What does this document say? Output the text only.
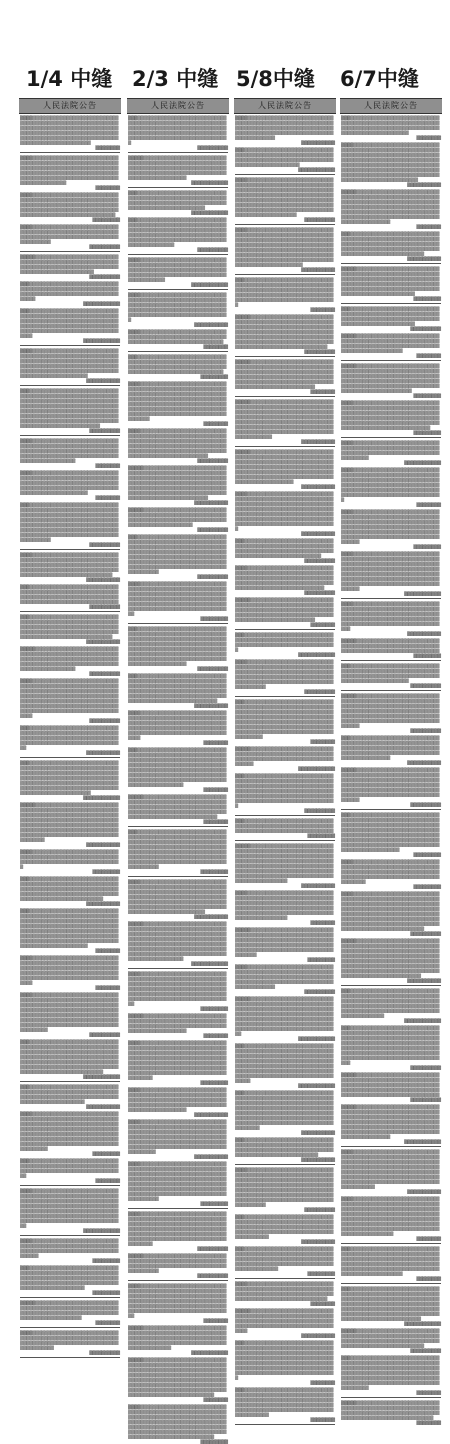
1/4 中缝 2/3 中缝 5/8中缝 6/7中缝
人民法院公告
▒▒▒▒▒▒▒▒▒▒▒▒▒▒▒▒▒▒▒▒▒▒▒▒▒▒▒▒▒▒▒▒▒▒▒▒▒▒▒▒▒▒▒▒▒▒▒▒▒▒▒▒▒▒▒▒▒▒▒▒▒▒▒▒▒▒▒▒▒▒▒▒▒▒▒▒▒▒▒▒▒▒▒▒▒▒▒▒▒▒▒▒▒▒▒▒▒▒▒▒▒▒▒▒▒▒▒▒▒▒▒▒▒▒▒▒▒▒▒▒▒▒▒▒▒▒▒▒▒▒▒▒▒▒▒▒▒▒▒▒▒▒▒▒▒▒▒▒▒▒▒▒▒▒▒▒▒▒▒▒▒▒▒▒▒▒▒▒▒▒▒▒▒▒▒▒▒▒▒▒▒▒▒
▒▒▒▒▒▒▒▒
▒▒▒▒▒▒▒▒▒▒▒▒▒▒▒▒▒▒▒▒▒▒▒▒▒▒▒▒▒▒▒▒▒▒▒▒▒▒▒▒▒▒▒▒▒▒▒▒▒▒▒▒▒▒▒▒▒▒▒▒▒▒▒▒▒▒▒▒▒▒▒▒▒▒▒▒▒▒▒▒▒▒▒▒▒▒▒▒▒▒▒▒▒▒▒▒▒▒▒▒▒▒▒▒▒▒▒▒▒▒▒▒▒▒▒▒▒▒▒▒▒▒▒▒▒▒▒▒▒▒▒▒▒▒▒▒▒▒▒▒▒▒▒▒▒▒▒▒▒▒▒▒▒▒▒▒▒▒▒▒▒▒▒▒▒▒▒▒▒▒▒▒▒▒▒
▒▒▒▒▒▒▒▒
▒▒▒▒▒▒▒▒▒▒▒▒▒▒▒▒▒▒▒▒▒▒▒▒▒▒▒▒▒▒▒▒▒▒▒▒▒▒▒▒▒▒▒▒▒▒▒▒▒▒▒▒▒▒▒▒▒▒▒▒▒▒▒▒▒▒▒▒▒▒▒▒▒▒▒▒▒▒▒▒▒▒▒▒▒▒▒▒▒▒▒▒▒▒▒▒▒▒▒▒▒▒▒▒▒▒▒▒▒▒▒▒▒▒▒▒▒▒▒▒▒▒▒▒▒▒▒▒▒▒▒▒▒▒▒▒▒▒▒▒▒▒▒▒▒▒▒▒▒▒▒▒▒▒▒▒▒▒▒
▒▒▒▒▒▒▒▒▒
▒▒▒▒▒▒▒▒▒▒▒▒▒▒▒▒▒▒▒▒▒▒▒▒▒▒▒▒▒▒▒▒▒▒▒▒▒▒▒▒▒▒▒▒▒▒▒▒▒▒▒▒▒▒▒▒▒▒▒▒▒▒▒▒▒▒▒▒▒▒▒▒▒▒▒▒▒▒▒▒▒▒▒▒▒▒▒▒▒▒▒▒▒▒▒▒▒▒▒▒▒▒▒▒▒▒
▒▒▒▒▒▒▒▒▒▒
▒▒▒▒▒▒▒▒▒▒▒▒▒▒▒▒▒▒▒▒▒▒▒▒▒▒▒▒▒▒▒▒▒▒▒▒▒▒▒▒▒▒▒▒▒▒▒▒▒▒▒▒▒▒▒▒▒▒▒▒▒▒▒▒▒▒▒▒▒▒▒▒▒▒▒▒▒▒▒▒▒▒▒▒▒▒▒▒▒▒▒▒▒▒▒▒▒▒▒▒▒▒▒▒▒▒▒▒▒▒▒▒▒▒▒▒▒▒▒▒
▒▒▒▒▒▒▒▒▒▒
▒▒▒▒▒▒▒▒▒▒▒▒▒▒▒▒▒▒▒▒▒▒▒▒▒▒▒▒▒▒▒▒▒▒▒▒▒▒▒▒▒▒▒▒▒▒▒▒▒▒▒▒▒▒▒▒▒▒▒▒▒▒▒▒▒▒▒▒▒▒▒▒▒▒▒▒▒▒▒▒▒▒▒▒▒▒▒▒▒▒▒▒▒▒▒▒▒▒▒▒▒
▒▒▒▒▒▒▒▒▒▒▒▒
▒▒▒▒▒▒▒▒▒▒▒▒▒▒▒▒▒▒▒▒▒▒▒▒▒▒▒▒▒▒▒▒▒▒▒▒▒▒▒▒▒▒▒▒▒▒▒▒▒▒▒▒▒▒▒▒▒▒▒▒▒▒▒▒▒▒▒▒▒▒▒▒▒▒▒▒▒▒▒▒▒▒▒▒▒▒▒▒▒▒▒▒▒▒▒▒▒▒▒▒▒▒▒▒▒▒▒▒▒▒▒▒▒▒▒▒▒▒▒▒▒▒▒▒▒▒▒▒▒▒▒▒▒▒▒▒▒▒▒▒▒▒▒▒▒▒▒▒▒▒▒▒▒▒▒▒▒▒▒▒▒▒▒▒
▒▒▒▒▒▒▒▒▒▒▒▒
▒▒▒▒▒▒▒▒▒▒▒▒▒▒▒▒▒▒▒▒▒▒▒▒▒▒▒▒▒▒▒▒▒▒▒▒▒▒▒▒▒▒▒▒▒▒▒▒▒▒▒▒▒▒▒▒▒▒▒▒▒▒▒▒▒▒▒▒▒▒▒▒▒▒▒▒▒▒▒▒▒▒▒▒▒▒▒▒▒▒▒▒▒▒▒▒▒▒▒▒▒▒▒▒▒▒▒▒▒▒▒▒▒▒▒▒▒▒▒▒▒▒▒▒▒▒▒▒▒▒▒▒▒▒▒▒▒▒▒▒▒▒▒▒▒▒▒▒▒▒▒▒▒▒▒▒▒▒▒▒▒▒▒▒▒▒▒▒▒▒▒▒▒▒▒▒▒▒▒▒▒▒
▒▒▒▒▒▒▒▒▒▒▒
▒▒▒▒▒▒▒▒▒▒▒▒▒▒▒▒▒▒▒▒▒▒▒▒▒▒▒▒▒▒▒▒▒▒▒▒▒▒▒▒▒▒▒▒▒▒▒▒▒▒▒▒▒▒▒▒▒▒▒▒▒▒▒▒▒▒▒▒▒▒▒▒▒▒▒▒▒▒▒▒▒▒▒▒▒▒▒▒▒▒▒▒▒▒▒▒▒▒▒▒▒▒▒▒▒▒▒▒▒▒▒▒▒▒▒▒▒▒▒▒▒▒▒▒▒▒▒▒▒▒▒▒▒▒▒▒▒▒▒▒▒▒▒▒▒▒▒▒▒▒▒▒▒▒▒▒▒▒▒▒▒▒▒▒▒▒▒▒▒▒▒▒▒▒▒▒▒▒▒▒▒▒▒▒▒▒▒▒▒▒▒▒▒▒▒▒▒▒▒▒▒▒▒▒▒▒▒▒▒▒▒▒▒▒▒▒▒▒▒▒▒▒▒▒▒▒▒▒▒▒▒▒▒▒▒▒▒▒▒▒▒▒▒▒▒▒▒▒▒▒
▒▒▒▒▒▒▒▒▒▒
▒▒▒▒▒▒▒▒▒▒▒▒▒▒▒▒▒▒▒▒▒▒▒▒▒▒▒▒▒▒▒▒▒▒▒▒▒▒▒▒▒▒▒▒▒▒▒▒▒▒▒▒▒▒▒▒▒▒▒▒▒▒▒▒▒▒▒▒▒▒▒▒▒▒▒▒▒▒▒▒▒▒▒▒▒▒▒▒▒▒▒▒▒▒▒▒▒▒▒▒▒▒▒▒▒▒▒▒▒▒▒▒▒▒▒▒▒▒▒▒▒▒▒▒▒▒▒▒▒▒▒▒▒▒▒▒▒▒▒▒▒▒▒▒▒▒
▒▒▒▒▒▒▒▒
▒▒▒▒▒▒▒▒▒▒▒▒▒▒▒▒▒▒▒▒▒▒▒▒▒▒▒▒▒▒▒▒▒▒▒▒▒▒▒▒▒▒▒▒▒▒▒▒▒▒▒▒▒▒▒▒▒▒▒▒▒▒▒▒▒▒▒▒▒▒▒▒▒▒▒▒▒▒▒▒▒▒▒▒▒▒▒▒▒▒▒▒▒▒▒▒▒▒▒▒▒▒▒▒▒▒▒▒▒▒▒▒▒▒▒▒▒▒▒▒▒▒▒▒▒▒▒▒▒▒▒▒▒▒▒▒▒▒▒▒▒▒▒▒▒▒▒▒▒▒
▒▒▒▒▒▒▒▒
▒▒▒▒▒▒▒▒▒▒▒▒▒▒▒▒▒▒▒▒▒▒▒▒▒▒▒▒▒▒▒▒▒▒▒▒▒▒▒▒▒▒▒▒▒▒▒▒▒▒▒▒▒▒▒▒▒▒▒▒▒▒▒▒▒▒▒▒▒▒▒▒▒▒▒▒▒▒▒▒▒▒▒▒▒▒▒▒▒▒▒▒▒▒▒▒▒▒▒▒▒▒▒▒▒▒▒▒▒▒▒▒▒▒▒▒▒▒▒▒▒▒▒▒▒▒▒▒▒▒▒▒▒▒▒▒▒▒▒▒▒▒▒▒▒▒▒▒▒▒▒▒▒▒▒▒▒▒▒▒▒▒▒▒▒▒▒▒▒▒▒▒▒▒▒▒▒▒▒▒▒▒▒▒▒▒▒▒▒▒▒▒▒▒▒▒▒▒▒▒▒▒▒▒▒▒▒▒▒▒▒▒▒▒▒▒▒▒▒▒▒▒▒▒▒▒▒▒▒▒▒▒▒▒
▒▒▒▒▒▒▒▒▒▒
▒▒▒▒▒▒▒▒▒▒▒▒▒▒▒▒▒▒▒▒▒▒▒▒▒▒▒▒▒▒▒▒▒▒▒▒▒▒▒▒▒▒▒▒▒▒▒▒▒▒▒▒▒▒▒▒▒▒▒▒▒▒▒▒▒▒▒▒▒▒▒▒▒▒▒▒▒▒▒▒▒▒▒▒▒▒▒▒▒▒▒▒▒▒▒▒▒▒▒▒▒▒▒▒▒▒▒▒▒▒▒▒▒▒▒▒▒▒▒▒▒▒▒▒▒▒▒▒▒▒▒▒▒▒▒▒▒▒▒▒▒▒▒▒▒▒▒▒▒▒▒▒▒▒▒▒▒▒
▒▒▒▒▒▒▒▒▒▒▒
▒▒▒▒▒▒▒▒▒▒▒▒▒▒▒▒▒▒▒▒▒▒▒▒▒▒▒▒▒▒▒▒▒▒▒▒▒▒▒▒▒▒▒▒▒▒▒▒▒▒▒▒▒▒▒▒▒▒▒▒▒▒▒▒▒▒▒▒▒▒▒▒▒▒▒▒▒▒▒▒▒▒▒▒▒▒▒▒▒▒▒▒▒▒▒▒▒▒▒▒▒▒▒▒▒▒▒▒▒▒▒▒▒▒▒▒▒▒▒▒▒▒▒▒▒▒▒▒
▒▒▒▒▒▒▒▒▒▒
▒▒▒▒▒▒▒▒▒▒▒▒▒▒▒▒▒▒▒▒▒▒▒▒▒▒▒▒▒▒▒▒▒▒▒▒▒▒▒▒▒▒▒▒▒▒▒▒▒▒▒▒▒▒▒▒▒▒▒▒▒▒▒▒▒▒▒▒▒▒▒▒▒▒▒▒▒▒▒▒▒▒▒▒▒▒▒▒▒▒▒▒▒▒▒▒▒▒▒▒▒▒▒▒▒▒▒▒▒▒▒▒▒▒▒▒▒▒▒▒▒▒▒▒▒▒▒▒▒▒▒▒▒▒▒▒▒▒▒▒▒▒▒▒▒▒▒▒▒▒▒▒▒▒▒▒▒▒
▒▒▒▒▒▒▒▒▒▒▒
▒▒▒▒▒▒▒▒▒▒▒▒▒▒▒▒▒▒▒▒▒▒▒▒▒▒▒▒▒▒▒▒▒▒▒▒▒▒▒▒▒▒▒▒▒▒▒▒▒▒▒▒▒▒▒▒▒▒▒▒▒▒▒▒▒▒▒▒▒▒▒▒▒▒▒▒▒▒▒▒▒▒▒▒▒▒▒▒▒▒▒▒▒▒▒▒▒▒▒▒▒▒▒▒▒▒▒▒▒▒▒▒▒▒▒▒▒▒▒▒▒▒▒▒▒▒▒▒▒▒▒▒▒▒▒▒▒▒▒▒▒▒▒▒▒▒
▒▒▒▒▒▒▒▒▒▒
▒▒▒▒▒▒▒▒▒▒▒▒▒▒▒▒▒▒▒▒▒▒▒▒▒▒▒▒▒▒▒▒▒▒▒▒▒▒▒▒▒▒▒▒▒▒▒▒▒▒▒▒▒▒▒▒▒▒▒▒▒▒▒▒▒▒▒▒▒▒▒▒▒▒▒▒▒▒▒▒▒▒▒▒▒▒▒▒▒▒▒▒▒▒▒▒▒▒▒▒▒▒▒▒▒▒▒▒▒▒▒▒▒▒▒▒▒▒▒▒▒▒▒▒▒▒▒▒▒▒▒▒▒▒▒▒▒▒▒▒▒▒▒▒▒▒▒▒▒▒▒▒▒▒▒▒▒▒▒▒▒▒▒▒▒▒▒▒▒▒▒▒▒▒▒▒▒▒▒▒▒▒▒▒▒▒▒▒▒▒▒▒▒▒▒▒▒▒▒▒▒▒▒▒▒▒▒▒▒▒▒▒▒▒▒▒▒▒▒▒▒▒▒▒▒▒▒▒
▒▒▒▒▒▒▒▒▒▒
▒▒▒▒▒▒▒▒▒▒▒▒▒▒▒▒▒▒▒▒▒▒▒▒▒▒▒▒▒▒▒▒▒▒▒▒▒▒▒▒▒▒▒▒▒▒▒▒▒▒▒▒▒▒▒▒▒▒▒▒▒▒▒▒▒▒▒▒▒▒▒▒▒▒▒▒▒▒▒▒▒▒▒▒▒▒▒▒▒▒▒▒▒▒▒▒▒▒▒▒▒▒▒▒▒▒▒▒▒▒▒▒▒▒▒▒▒▒▒▒▒▒▒▒▒▒▒▒▒▒
▒▒▒▒▒▒▒▒▒▒▒
▒▒▒▒▒▒▒▒▒▒▒▒▒▒▒▒▒▒▒▒▒▒▒▒▒▒▒▒▒▒▒▒▒▒▒▒▒▒▒▒▒▒▒▒▒▒▒▒▒▒▒▒▒▒▒▒▒▒▒▒▒▒▒▒▒▒▒▒▒▒▒▒▒▒▒▒▒▒▒▒▒▒▒▒▒▒▒▒▒▒▒▒▒▒▒▒▒▒▒▒▒▒▒▒▒▒▒▒▒▒▒▒▒▒▒▒▒▒▒▒▒▒▒▒▒▒▒▒▒▒▒▒▒▒▒▒▒▒▒▒▒▒▒▒▒▒▒▒▒▒▒▒▒▒▒▒▒▒▒▒▒▒▒▒▒▒▒▒▒▒▒▒▒▒▒▒▒▒▒▒▒▒▒▒▒▒▒▒▒▒▒▒▒▒▒▒▒▒▒▒▒▒▒▒▒▒▒▒▒▒▒▒▒▒▒
▒▒▒▒▒▒▒▒▒▒▒▒
▒▒▒▒▒▒▒▒▒▒▒▒▒▒▒▒▒▒▒▒▒▒▒▒▒▒▒▒▒▒▒▒▒▒▒▒▒▒▒▒▒▒▒▒▒▒▒▒▒▒▒▒▒▒▒▒▒▒▒▒▒▒▒▒▒▒▒▒▒▒▒▒▒▒▒▒▒▒▒▒▒▒▒▒▒▒▒▒▒▒▒▒▒▒▒▒▒▒▒▒▒▒▒▒▒▒▒▒▒▒▒▒▒▒▒▒▒▒▒▒▒▒▒▒▒▒▒▒▒▒▒▒▒▒▒▒▒▒▒▒▒▒▒▒▒▒▒▒▒▒▒▒▒▒▒▒▒▒▒▒▒▒▒▒▒▒▒▒▒▒▒▒▒▒▒▒▒▒▒▒▒▒▒▒▒▒▒▒▒▒▒▒▒▒▒▒▒▒▒▒▒▒▒▒▒▒▒▒▒▒▒▒▒▒▒▒▒▒▒▒▒▒▒▒▒▒▒▒▒▒▒▒
▒▒▒▒▒▒▒▒▒▒▒
▒▒▒▒▒▒▒▒▒▒▒▒▒▒▒▒▒▒▒▒▒▒▒▒▒▒▒▒▒▒▒▒▒▒▒▒▒▒▒▒▒▒▒▒▒▒▒▒▒▒▒▒▒▒▒▒▒▒▒▒▒▒▒▒▒▒▒▒▒▒▒▒▒▒▒▒▒▒▒▒▒▒▒▒▒▒▒▒▒▒▒▒▒▒▒▒▒
▒▒▒▒▒▒▒▒▒
▒▒▒▒▒▒▒▒▒▒▒▒▒▒▒▒▒▒▒▒▒▒▒▒▒▒▒▒▒▒▒▒▒▒▒▒▒▒▒▒▒▒▒▒▒▒▒▒▒▒▒▒▒▒▒▒▒▒▒▒▒▒▒▒▒▒▒▒▒▒▒▒▒▒▒▒▒▒▒▒▒▒▒▒▒▒▒▒▒▒▒▒▒▒▒▒▒▒▒▒▒▒▒▒▒▒▒▒▒▒▒▒▒▒▒▒▒▒▒▒▒▒▒▒▒▒▒▒▒▒▒▒▒▒▒▒▒▒▒▒▒▒▒▒▒▒▒▒▒▒▒▒▒▒▒
▒▒▒▒▒▒▒▒▒▒▒
▒▒▒▒▒▒▒▒▒▒▒▒▒▒▒▒▒▒▒▒▒▒▒▒▒▒▒▒▒▒▒▒▒▒▒▒▒▒▒▒▒▒▒▒▒▒▒▒▒▒▒▒▒▒▒▒▒▒▒▒▒▒▒▒▒▒▒▒▒▒▒▒▒▒▒▒▒▒▒▒▒▒▒▒▒▒▒▒▒▒▒▒▒▒▒▒▒▒▒▒▒▒▒▒▒▒▒▒▒▒▒▒▒▒▒▒▒▒▒▒▒▒▒▒▒▒▒▒▒▒▒▒▒▒▒▒▒▒▒▒▒▒▒▒▒▒▒▒▒▒▒▒▒▒▒▒▒▒▒▒▒▒▒▒▒▒▒▒▒▒▒▒▒▒▒▒▒▒▒▒▒▒▒▒▒▒▒▒▒▒▒▒▒▒▒▒▒▒▒▒▒▒▒▒▒▒▒▒▒▒▒▒▒▒▒▒▒▒▒▒▒▒▒▒▒▒▒▒▒▒▒▒▒▒▒▒▒▒▒▒▒▒▒▒▒▒
▒▒▒▒▒▒▒▒
▒▒▒▒▒▒▒▒▒▒▒▒▒▒▒▒▒▒▒▒▒▒▒▒▒▒▒▒▒▒▒▒▒▒▒▒▒▒▒▒▒▒▒▒▒▒▒▒▒▒▒▒▒▒▒▒▒▒▒▒▒▒▒▒▒▒▒▒▒▒▒▒▒▒▒▒▒▒▒▒▒▒▒▒▒▒▒▒▒▒▒▒▒▒▒▒▒▒▒▒▒▒▒▒▒▒▒▒▒▒▒▒▒▒▒▒▒▒▒▒▒▒▒▒▒▒▒▒▒▒▒▒▒▒▒▒▒▒▒▒▒▒▒▒▒▒▒▒▒▒▒▒▒▒▒▒▒▒▒▒▒▒▒▒
▒▒▒▒▒▒▒▒
▒▒▒▒▒▒▒▒▒▒▒▒▒▒▒▒▒▒▒▒▒▒▒▒▒▒▒▒▒▒▒▒▒▒▒▒▒▒▒▒▒▒▒▒▒▒▒▒▒▒▒▒▒▒▒▒▒▒▒▒▒▒▒▒▒▒▒▒▒▒▒▒▒▒▒▒▒▒▒▒▒▒▒▒▒▒▒▒▒▒▒▒▒▒▒▒▒▒▒▒▒▒▒▒▒▒▒▒▒▒▒▒▒▒▒▒▒▒▒▒▒▒▒▒▒▒▒▒▒▒▒▒▒▒▒▒▒▒▒▒▒▒▒▒▒▒▒▒▒▒▒▒▒▒▒▒▒▒▒▒▒▒▒▒▒▒▒▒▒▒▒▒▒▒▒▒▒▒▒▒▒▒▒▒▒▒▒▒▒▒▒▒▒▒▒▒▒▒▒▒▒▒▒▒▒▒▒▒▒▒▒▒▒▒▒▒▒▒▒▒▒▒▒▒▒▒▒▒▒▒▒▒▒
▒▒▒▒▒▒▒▒▒▒
▒▒▒▒▒▒▒▒▒▒▒▒▒▒▒▒▒▒▒▒▒▒▒▒▒▒▒▒▒▒▒▒▒▒▒▒▒▒▒▒▒▒▒▒▒▒▒▒▒▒▒▒▒▒▒▒▒▒▒▒▒▒▒▒▒▒▒▒▒▒▒▒▒▒▒▒▒▒▒▒▒▒▒▒▒▒▒▒▒▒▒▒▒▒▒▒▒▒▒▒▒▒▒▒▒▒▒▒▒▒▒▒▒▒▒▒▒▒▒▒▒▒▒▒▒▒▒▒▒▒▒▒▒▒▒▒▒▒▒▒▒▒▒▒▒▒▒▒▒▒▒▒▒▒▒▒▒▒▒▒▒▒▒▒▒▒▒▒▒▒▒▒▒▒▒▒▒▒▒▒▒▒▒▒▒▒▒▒▒▒▒▒▒▒▒▒▒▒▒▒▒▒▒▒▒▒▒▒▒▒▒▒▒▒▒▒▒▒▒
▒▒▒▒▒▒▒▒▒▒▒▒
▒▒▒▒▒▒▒▒▒▒▒▒▒▒▒▒▒▒▒▒▒▒▒▒▒▒▒▒▒▒▒▒▒▒▒▒▒▒▒▒▒▒▒▒▒▒▒▒▒▒▒▒▒▒▒▒▒▒▒▒▒▒▒▒▒▒▒▒▒▒▒▒▒▒▒▒▒▒▒▒▒▒▒▒▒▒▒▒▒▒▒▒▒▒▒▒▒▒▒▒▒▒▒▒▒▒▒▒▒▒▒▒▒▒▒▒▒
▒▒▒▒▒▒▒▒▒▒▒
▒▒▒▒▒▒▒▒▒▒▒▒▒▒▒▒▒▒▒▒▒▒▒▒▒▒▒▒▒▒▒▒▒▒▒▒▒▒▒▒▒▒▒▒▒▒▒▒▒▒▒▒▒▒▒▒▒▒▒▒▒▒▒▒▒▒▒▒▒▒▒▒▒▒▒▒▒▒▒▒▒▒▒▒▒▒▒▒▒▒▒▒▒▒▒▒▒▒▒▒▒▒▒▒▒▒▒▒▒▒▒▒▒▒▒▒▒▒▒▒▒▒▒▒▒▒▒▒▒▒▒▒▒▒▒▒▒▒▒▒▒▒▒▒▒▒▒▒▒▒▒▒▒▒▒▒▒▒▒▒▒▒▒▒▒▒▒▒▒▒▒▒▒▒▒▒▒▒▒▒▒▒▒▒▒▒▒▒▒▒▒▒▒▒▒▒▒▒▒▒▒▒▒▒▒▒▒▒▒▒▒▒▒▒▒▒▒▒▒▒▒▒▒▒▒▒▒▒▒▒▒▒▒
▒▒▒▒▒▒▒▒▒
▒▒▒▒▒▒▒▒▒▒▒▒▒▒▒▒▒▒▒▒▒▒▒▒▒▒▒▒▒▒▒▒▒▒▒▒▒▒▒▒▒▒▒▒▒▒▒▒▒▒▒▒▒▒▒▒▒▒▒▒▒▒▒▒▒▒▒▒▒▒▒▒▒▒▒▒▒▒▒▒▒▒▒▒▒▒▒▒▒▒▒▒▒▒▒▒▒▒
▒▒▒▒▒▒▒▒
▒▒▒▒▒▒▒▒▒▒▒▒▒▒▒▒▒▒▒▒▒▒▒▒▒▒▒▒▒▒▒▒▒▒▒▒▒▒▒▒▒▒▒▒▒▒▒▒▒▒▒▒▒▒▒▒▒▒▒▒▒▒▒▒▒▒▒▒▒▒▒▒▒▒▒▒▒▒▒▒▒▒▒▒▒▒▒▒▒▒▒▒▒▒▒▒▒▒▒▒▒▒▒▒▒▒▒▒▒▒▒▒▒▒▒▒▒▒▒▒▒▒▒▒▒▒▒▒▒▒▒▒▒▒▒▒▒▒▒▒▒▒▒▒▒▒▒▒▒▒▒▒▒▒▒▒▒▒▒▒▒▒▒▒▒▒▒▒▒▒▒▒▒▒▒▒▒▒▒▒▒▒▒▒▒▒▒▒▒▒▒▒▒▒▒▒▒▒▒▒▒▒▒▒▒▒▒▒▒▒▒▒▒▒▒▒▒▒▒▒▒▒▒▒▒▒
▒▒▒▒▒▒▒▒▒▒▒▒
▒▒▒▒▒▒▒▒▒▒▒▒▒▒▒▒▒▒▒▒▒▒▒▒▒▒▒▒▒▒▒▒▒▒▒▒▒▒▒▒▒▒▒▒▒▒▒▒▒▒▒▒▒▒▒▒▒▒▒▒▒▒▒▒▒▒▒▒▒▒▒▒▒▒▒▒▒▒▒▒▒▒▒▒▒▒▒▒▒▒▒▒▒▒▒▒▒▒▒▒▒▒
▒▒▒▒▒▒▒▒▒
▒▒▒▒▒▒▒▒▒▒▒▒▒▒▒▒▒▒▒▒▒▒▒▒▒▒▒▒▒▒▒▒▒▒▒▒▒▒▒▒▒▒▒▒▒▒▒▒▒▒▒▒▒▒▒▒▒▒▒▒▒▒▒▒▒▒▒▒▒▒▒▒▒▒▒▒▒▒▒▒▒▒▒▒▒▒▒▒▒▒▒▒▒▒▒▒▒▒▒▒▒▒▒▒▒▒▒▒▒▒▒▒▒▒▒▒▒▒▒▒▒▒▒▒▒▒▒▒▒▒▒▒▒▒▒▒▒▒▒▒▒▒▒▒▒▒▒▒▒
▒▒▒▒▒▒▒▒▒
▒▒▒▒▒▒▒▒▒▒▒▒▒▒▒▒▒▒▒▒▒▒▒▒▒▒▒▒▒▒▒▒▒▒▒▒▒▒▒▒▒▒▒▒▒▒▒▒▒▒▒▒▒▒▒▒▒▒▒▒▒▒▒▒▒▒▒▒▒▒▒▒▒▒▒▒▒▒▒▒▒▒▒▒▒▒▒▒▒▒▒▒▒▒▒▒▒▒▒▒▒▒▒▒▒▒▒▒▒▒▒▒▒▒▒▒
▒▒▒▒▒▒▒▒
▒▒▒▒▒▒▒▒▒▒▒▒▒▒▒▒▒▒▒▒▒▒▒▒▒▒▒▒▒▒▒▒▒▒▒▒▒▒▒▒▒▒▒▒▒▒▒▒▒▒▒▒▒▒▒▒▒▒▒▒▒▒▒▒▒▒▒▒▒▒▒▒▒▒▒▒▒▒▒▒▒▒▒▒▒▒▒▒▒▒▒▒▒▒▒▒▒▒▒▒▒▒▒▒▒▒▒
▒▒▒▒▒▒▒▒▒▒
人民法院公告
▒▒▒▒▒▒▒▒▒▒▒▒▒▒▒▒▒▒▒▒▒▒▒▒▒▒▒▒▒▒▒▒▒▒▒▒▒▒▒▒▒▒▒▒▒▒▒▒▒▒▒▒▒▒▒▒▒▒▒▒▒▒▒▒▒▒▒▒▒▒▒▒▒▒▒▒▒▒▒▒▒▒▒▒▒▒▒▒▒▒▒▒▒▒▒▒▒▒▒▒▒▒▒▒▒▒▒▒▒▒▒▒▒▒▒▒▒▒▒▒▒▒▒▒▒▒▒▒▒▒▒▒▒▒▒▒▒▒▒▒▒▒▒▒▒▒▒▒▒▒▒▒▒▒▒▒▒▒▒▒▒
▒▒▒▒▒▒▒▒▒▒
▒▒▒▒▒▒▒▒▒▒▒▒▒▒▒▒▒▒▒▒▒▒▒▒▒▒▒▒▒▒▒▒▒▒▒▒▒▒▒▒▒▒▒▒▒▒▒▒▒▒▒▒▒▒▒▒▒▒▒▒▒▒▒▒▒▒▒▒▒▒▒▒▒▒▒▒▒▒▒▒▒▒▒▒▒▒▒▒▒▒▒▒▒▒▒▒▒▒▒▒▒▒▒▒▒▒▒▒▒▒▒▒▒▒▒▒▒▒▒▒▒▒▒▒▒▒▒▒▒▒▒▒▒▒▒▒▒▒▒▒▒▒▒▒▒▒▒
▒▒▒▒▒▒▒▒▒▒▒▒
▒▒▒▒▒▒▒▒▒▒▒▒▒▒▒▒▒▒▒▒▒▒▒▒▒▒▒▒▒▒▒▒▒▒▒▒▒▒▒▒▒▒▒▒▒▒▒▒▒▒▒▒▒▒▒▒▒▒▒▒▒▒▒▒▒▒▒▒▒▒▒▒▒▒▒▒▒▒▒▒▒▒▒▒▒▒▒▒▒▒▒▒▒▒▒▒▒▒▒▒▒▒▒▒▒▒▒▒▒▒▒▒▒▒▒▒▒▒▒▒▒
▒▒▒▒▒▒▒▒▒▒▒▒
▒▒▒▒▒▒▒▒▒▒▒▒▒▒▒▒▒▒▒▒▒▒▒▒▒▒▒▒▒▒▒▒▒▒▒▒▒▒▒▒▒▒▒▒▒▒▒▒▒▒▒▒▒▒▒▒▒▒▒▒▒▒▒▒▒▒▒▒▒▒▒▒▒▒▒▒▒▒▒▒▒▒▒▒▒▒▒▒▒▒▒▒▒▒▒▒▒▒▒▒▒▒▒▒▒▒▒▒▒▒▒▒▒▒▒▒▒▒▒▒▒▒▒▒▒▒▒▒▒▒▒▒▒▒▒▒▒▒▒▒▒▒▒▒▒▒▒▒▒▒▒▒▒▒▒▒▒▒▒▒▒▒▒▒▒▒▒▒▒▒▒▒▒▒▒
▒▒▒▒▒▒▒▒▒▒
▒▒▒▒▒▒▒▒▒▒▒▒▒▒▒▒▒▒▒▒▒▒▒▒▒▒▒▒▒▒▒▒▒▒▒▒▒▒▒▒▒▒▒▒▒▒▒▒▒▒▒▒▒▒▒▒▒▒▒▒▒▒▒▒▒▒▒▒▒▒▒▒▒▒▒▒▒▒▒▒▒▒▒▒▒▒▒▒▒▒▒▒▒▒▒▒▒▒▒▒▒▒▒▒▒▒▒▒▒▒▒▒▒▒▒▒▒▒▒▒▒▒▒▒▒▒▒▒▒▒▒▒▒▒▒▒▒▒▒▒
▒▒▒▒▒▒▒▒▒▒▒▒
▒▒▒▒▒▒▒▒▒▒▒▒▒▒▒▒▒▒▒▒▒▒▒▒▒▒▒▒▒▒▒▒▒▒▒▒▒▒▒▒▒▒▒▒▒▒▒▒▒▒▒▒▒▒▒▒▒▒▒▒▒▒▒▒▒▒▒▒▒▒▒▒▒▒▒▒▒▒▒▒▒▒▒▒▒▒▒▒▒▒▒▒▒▒▒▒▒▒▒▒▒▒▒▒▒▒▒▒▒▒▒▒▒▒▒▒▒▒▒▒▒▒▒▒▒▒▒▒▒▒▒▒▒▒▒▒▒▒▒▒▒▒▒▒▒▒▒▒▒▒▒▒▒▒▒▒▒▒▒▒▒
▒▒▒▒▒▒▒▒▒▒▒
▒▒▒▒▒▒▒▒▒▒▒▒▒▒▒▒▒▒▒▒▒▒▒▒▒▒▒▒▒▒▒▒▒▒▒▒▒▒▒▒▒▒▒▒▒▒▒▒▒▒▒▒▒▒▒▒▒▒▒▒▒▒▒▒▒▒▒▒▒▒▒▒▒▒▒▒▒▒▒▒▒▒▒▒▒▒▒▒▒▒▒▒▒▒▒
▒▒▒▒▒▒▒▒
▒▒▒▒▒▒▒▒▒▒▒▒▒▒▒▒▒▒▒▒▒▒▒▒▒▒▒▒▒▒▒▒▒▒▒▒▒▒▒▒▒▒▒▒▒▒▒▒▒▒▒▒▒▒▒▒▒▒▒▒▒▒▒▒▒▒▒▒▒▒▒▒▒▒▒▒▒▒▒▒▒▒▒▒▒▒▒▒▒▒▒▒▒▒▒▒▒▒▒▒▒▒▒▒▒▒▒▒▒▒▒▒▒▒▒▒▒▒▒▒▒▒▒▒▒▒▒
▒▒▒▒▒▒▒▒▒
▒▒▒▒▒▒▒▒▒▒▒▒▒▒▒▒▒▒▒▒▒▒▒▒▒▒▒▒▒▒▒▒▒▒▒▒▒▒▒▒▒▒▒▒▒▒▒▒▒▒▒▒▒▒▒▒▒▒▒▒▒▒▒▒▒▒▒▒▒▒▒▒▒▒▒▒▒▒▒▒▒▒▒▒▒▒▒▒▒▒▒▒▒▒▒▒▒▒▒▒▒▒▒▒▒▒▒▒▒▒▒▒▒▒▒▒▒▒▒▒▒▒▒▒▒▒▒▒▒▒▒▒▒▒▒▒▒▒▒▒▒▒▒▒▒▒▒▒▒▒▒▒▒▒▒▒▒▒▒▒▒▒▒▒▒▒▒▒▒▒▒▒▒▒▒▒▒▒▒▒▒▒▒▒▒▒▒▒▒▒▒▒▒▒▒▒▒▒▒▒▒▒▒▒▒▒▒▒▒▒▒▒▒▒▒▒▒▒▒▒▒▒▒▒▒▒▒▒▒▒▒
▒▒▒▒▒▒▒▒
▒▒▒▒▒▒▒▒▒▒▒▒▒▒▒▒▒▒▒▒▒▒▒▒▒▒▒▒▒▒▒▒▒▒▒▒▒▒▒▒▒▒▒▒▒▒▒▒▒▒▒▒▒▒▒▒▒▒▒▒▒▒▒▒▒▒▒▒▒▒▒▒▒▒▒▒▒▒▒▒▒▒▒▒▒▒▒▒▒▒▒▒▒▒▒▒▒▒▒▒▒▒▒▒▒▒▒▒▒▒▒▒▒▒▒▒▒▒▒▒▒▒▒▒▒▒▒▒▒▒▒▒▒▒▒▒▒▒▒▒▒▒▒▒▒▒▒▒▒▒▒▒▒▒▒▒▒▒▒▒▒▒▒▒▒▒▒▒▒▒▒▒▒▒▒▒▒▒▒▒▒▒▒▒▒▒
▒▒▒▒▒▒▒▒▒▒
▒▒▒▒▒▒▒▒▒▒▒▒▒▒▒▒▒▒▒▒▒▒▒▒▒▒▒▒▒▒▒▒▒▒▒▒▒▒▒▒▒▒▒▒▒▒▒▒▒▒▒▒▒▒▒▒▒▒▒▒▒▒▒▒▒▒▒▒▒▒▒▒▒▒▒▒▒▒▒▒▒▒▒▒▒▒▒▒▒▒▒▒▒▒▒▒▒▒▒▒▒▒▒▒▒▒▒▒▒▒▒▒▒▒▒▒▒▒▒▒▒▒▒▒▒▒▒▒▒▒▒▒▒▒▒▒▒▒▒▒▒▒▒▒▒▒▒▒▒▒▒▒▒▒▒▒▒▒▒▒▒▒▒▒▒▒▒▒▒▒▒▒▒▒▒▒▒▒▒▒▒▒▒▒▒▒▒▒▒▒▒▒▒▒▒▒▒▒▒▒▒▒▒▒▒▒▒▒▒▒▒▒▒▒▒▒▒▒
▒▒▒▒▒▒▒▒▒▒▒
▒▒▒▒▒▒▒▒▒▒▒▒▒▒▒▒▒▒▒▒▒▒▒▒▒▒▒▒▒▒▒▒▒▒▒▒▒▒▒▒▒▒▒▒▒▒▒▒▒▒▒▒▒▒▒▒▒▒▒▒▒▒▒▒▒▒▒▒▒▒▒▒▒▒▒▒▒▒▒▒▒▒▒▒▒▒▒▒▒▒▒▒▒▒▒▒▒▒▒▒▒▒▒▒▒▒▒▒▒▒▒▒▒▒▒▒▒
▒▒▒▒▒▒▒▒▒▒
▒▒▒▒▒▒▒▒▒▒▒▒▒▒▒▒▒▒▒▒▒▒▒▒▒▒▒▒▒▒▒▒▒▒▒▒▒▒▒▒▒▒▒▒▒▒▒▒▒▒▒▒▒▒▒▒▒▒▒▒▒▒▒▒▒▒▒▒▒▒▒▒▒▒▒▒▒▒▒▒▒▒▒▒▒▒▒▒▒▒▒▒▒▒▒▒▒▒▒▒▒▒▒▒▒▒▒▒▒▒▒▒▒▒▒▒▒▒▒▒▒▒▒▒▒▒▒▒▒▒▒▒▒▒▒▒▒▒▒▒▒▒▒▒▒▒▒▒▒▒▒▒▒▒▒▒▒▒▒▒▒▒▒▒▒▒▒▒▒▒▒▒▒▒▒▒▒▒▒▒▒▒▒▒▒▒▒▒▒▒▒▒▒▒▒▒▒▒▒▒▒▒▒▒▒▒▒▒▒▒▒▒▒▒▒▒▒▒▒▒▒▒▒▒▒▒▒▒▒▒▒▒▒▒
▒▒▒▒▒▒▒▒▒▒
▒▒▒▒▒▒▒▒▒▒▒▒▒▒▒▒▒▒▒▒▒▒▒▒▒▒▒▒▒▒▒▒▒▒▒▒▒▒▒▒▒▒▒▒▒▒▒▒▒▒▒▒▒▒▒▒▒▒▒▒▒▒▒▒▒▒▒▒▒▒▒▒▒▒▒▒▒▒▒▒▒▒▒▒▒▒▒▒▒▒▒▒▒▒▒▒▒▒▒▒▒▒▒▒▒▒▒▒▒▒▒▒▒▒▒▒▒▒▒▒▒▒▒▒▒▒▒▒▒▒▒▒▒▒▒▒▒▒▒▒▒▒▒▒▒▒▒▒▒▒▒▒▒▒▒▒▒▒▒▒▒▒▒▒▒▒▒▒▒▒▒▒▒▒▒▒▒▒▒▒▒▒▒▒▒▒▒▒▒▒▒▒▒▒
▒▒▒▒▒▒▒▒▒
▒▒▒▒▒▒▒▒▒▒▒▒▒▒▒▒▒▒▒▒▒▒▒▒▒▒▒▒▒▒▒▒▒▒▒▒▒▒▒▒▒▒▒▒▒▒▒▒▒▒▒▒▒▒▒▒▒▒▒▒▒▒▒▒▒▒▒▒▒▒▒▒▒▒▒▒▒▒▒▒▒▒▒▒▒▒▒▒▒▒▒▒▒▒▒▒▒▒▒▒▒▒▒▒▒▒▒▒▒▒▒▒▒▒▒▒▒▒▒▒▒▒▒▒▒▒▒▒▒▒▒▒▒▒▒▒▒▒▒▒▒▒▒▒▒▒▒▒▒▒▒▒▒▒▒▒▒▒▒▒▒▒▒▒▒▒▒▒▒▒▒▒▒▒▒▒▒▒▒▒▒▒▒▒▒▒▒▒▒▒▒▒▒▒▒▒▒▒▒▒▒▒▒▒▒▒▒▒▒▒▒▒▒▒▒▒▒▒▒▒▒▒▒▒▒▒▒▒▒▒▒▒▒▒▒▒▒▒▒▒▒▒▒
▒▒▒▒▒▒▒▒▒▒
▒▒▒▒▒▒▒▒▒▒▒▒▒▒▒▒▒▒▒▒▒▒▒▒▒▒▒▒▒▒▒▒▒▒▒▒▒▒▒▒▒▒▒▒▒▒▒▒▒▒▒▒▒▒▒▒▒▒▒▒▒▒▒▒▒▒▒▒▒▒▒▒▒▒▒▒▒▒▒▒▒▒▒▒▒▒▒▒▒▒▒▒▒▒▒▒▒▒▒▒▒▒▒▒▒▒▒▒▒▒▒▒▒▒▒▒▒▒▒▒▒▒▒▒▒▒▒▒▒▒▒▒▒▒▒▒▒▒▒▒▒▒▒▒▒▒▒▒▒▒▒▒▒▒▒▒▒▒▒▒▒▒▒▒▒▒▒▒▒▒▒▒▒▒▒▒▒▒▒▒▒▒▒▒▒▒▒▒▒
▒▒▒▒▒▒▒▒▒▒▒
▒▒▒▒▒▒▒▒▒▒▒▒▒▒▒▒▒▒▒▒▒▒▒▒▒▒▒▒▒▒▒▒▒▒▒▒▒▒▒▒▒▒▒▒▒▒▒▒▒▒▒▒▒▒▒▒▒▒▒▒▒▒▒▒▒▒▒▒▒▒▒▒▒▒▒▒▒▒▒▒▒▒▒▒▒▒▒▒▒▒▒▒▒▒▒▒▒▒▒▒▒▒▒▒▒▒▒▒▒▒▒▒▒▒▒▒▒▒▒▒▒▒▒▒▒▒▒▒▒▒▒▒▒▒▒▒▒▒▒▒▒▒▒▒▒▒▒▒▒▒▒▒▒▒▒▒▒▒▒▒▒▒▒▒
▒▒▒▒▒▒▒▒
▒▒▒▒▒▒▒▒▒▒▒▒▒▒▒▒▒▒▒▒▒▒▒▒▒▒▒▒▒▒▒▒▒▒▒▒▒▒▒▒▒▒▒▒▒▒▒▒▒▒▒▒▒▒▒▒▒▒▒▒▒▒▒▒▒▒▒▒▒▒▒▒▒▒▒▒▒▒▒▒▒▒▒▒▒▒▒▒▒▒▒▒▒▒▒▒▒▒▒▒▒▒▒▒▒▒▒▒▒▒▒▒▒▒▒▒▒▒▒▒▒▒▒▒▒▒▒▒▒▒▒▒▒▒▒▒▒▒▒▒▒▒▒▒▒▒▒▒▒▒▒▒▒▒▒▒▒▒▒▒▒▒▒▒▒▒▒▒▒▒▒▒▒▒▒▒▒▒▒▒▒▒▒▒▒▒▒▒▒▒▒▒▒▒▒▒▒▒▒▒▒▒▒▒▒▒▒▒▒▒▒▒▒▒▒▒▒▒▒▒▒▒▒▒▒▒▒▒▒▒▒▒▒▒▒▒▒▒▒▒▒▒
▒▒▒▒▒▒▒▒
▒▒▒▒▒▒▒▒▒▒▒▒▒▒▒▒▒▒▒▒▒▒▒▒▒▒▒▒▒▒▒▒▒▒▒▒▒▒▒▒▒▒▒▒▒▒▒▒▒▒▒▒▒▒▒▒▒▒▒▒▒▒▒▒▒▒▒▒▒▒▒▒▒▒▒▒▒▒▒▒▒▒▒▒▒▒▒▒▒▒▒▒▒▒▒▒▒▒▒▒▒▒▒▒▒▒▒▒▒▒▒▒▒▒▒▒▒▒▒▒▒▒▒▒▒▒▒▒▒▒▒▒▒▒▒▒▒▒▒▒▒▒▒▒▒▒▒▒▒▒▒▒▒▒▒▒▒
▒▒▒▒▒▒▒▒
▒▒▒▒▒▒▒▒▒▒▒▒▒▒▒▒▒▒▒▒▒▒▒▒▒▒▒▒▒▒▒▒▒▒▒▒▒▒▒▒▒▒▒▒▒▒▒▒▒▒▒▒▒▒▒▒▒▒▒▒▒▒▒▒▒▒▒▒▒▒▒▒▒▒▒▒▒▒▒▒▒▒▒▒▒▒▒▒▒▒▒▒▒▒▒▒▒▒▒▒▒▒▒▒▒▒▒▒▒▒▒▒▒▒▒▒▒▒▒▒▒▒▒▒▒▒▒▒▒▒▒▒▒▒▒▒▒▒▒▒▒▒▒▒▒▒▒▒▒▒▒▒▒▒▒▒▒▒▒▒▒▒▒▒▒▒▒▒▒▒▒▒▒▒▒▒▒▒▒▒▒▒▒▒▒▒▒▒▒▒▒▒▒▒▒▒▒▒▒▒▒▒▒▒▒▒▒▒▒▒▒▒▒▒▒▒▒▒▒▒▒▒▒▒▒▒▒▒▒▒▒▒▒▒
▒▒▒▒▒▒▒▒▒
▒▒▒▒▒▒▒▒▒▒▒▒▒▒▒▒▒▒▒▒▒▒▒▒▒▒▒▒▒▒▒▒▒▒▒▒▒▒▒▒▒▒▒▒▒▒▒▒▒▒▒▒▒▒▒▒▒▒▒▒▒▒▒▒▒▒▒▒▒▒▒▒▒▒▒▒▒▒▒▒▒▒▒▒▒▒▒▒▒▒▒▒▒▒▒▒▒▒▒▒▒▒▒▒▒▒▒▒▒▒▒▒▒▒▒▒▒▒▒▒▒▒▒▒▒▒▒▒▒▒▒▒▒▒▒▒▒▒▒▒▒▒▒▒▒▒▒▒▒▒▒▒▒▒▒▒▒▒▒▒▒▒▒▒▒▒▒▒▒▒▒▒▒▒▒▒▒▒▒▒▒▒▒▒▒▒▒▒▒▒▒▒▒▒▒▒▒▒▒▒▒▒▒▒▒▒▒▒▒▒▒▒▒▒▒▒▒
▒▒▒▒▒▒▒▒▒▒▒
▒▒▒▒▒▒▒▒▒▒▒▒▒▒▒▒▒▒▒▒▒▒▒▒▒▒▒▒▒▒▒▒▒▒▒▒▒▒▒▒▒▒▒▒▒▒▒▒▒▒▒▒▒▒▒▒▒▒▒▒▒▒▒▒▒▒▒▒▒▒▒▒▒▒▒▒▒▒▒▒▒▒▒▒▒▒▒▒▒▒▒▒▒▒▒▒▒▒▒▒▒▒▒▒▒▒▒▒▒▒▒▒▒▒▒▒▒▒▒▒▒▒▒▒▒▒▒▒▒▒▒▒▒▒▒▒▒▒▒▒▒▒▒▒▒▒▒▒▒▒▒▒▒▒▒▒▒▒▒▒▒▒▒▒▒▒▒▒▒▒▒▒▒▒▒▒▒▒▒▒▒▒▒▒▒▒▒▒▒▒▒▒▒▒▒▒▒▒▒▒▒▒▒▒▒▒▒▒▒▒▒▒▒▒▒▒▒▒▒▒▒▒▒▒▒▒▒▒▒▒▒▒▒▒▒▒▒▒▒▒▒▒
▒▒▒▒▒▒▒▒▒▒▒▒
▒▒▒▒▒▒▒▒▒▒▒▒▒▒▒▒▒▒▒▒▒▒▒▒▒▒▒▒▒▒▒▒▒▒▒▒▒▒▒▒▒▒▒▒▒▒▒▒▒▒▒▒▒▒▒▒▒▒▒▒▒▒▒▒▒▒▒▒▒▒▒▒▒▒▒▒▒▒▒▒▒▒▒▒▒▒▒▒▒▒▒▒▒▒▒▒▒▒▒▒▒▒▒▒▒▒▒▒▒▒▒▒▒▒▒▒▒▒▒▒▒▒▒▒▒▒▒▒▒▒▒▒▒▒▒▒▒▒▒▒▒▒▒▒▒▒▒▒▒▒▒▒▒▒▒▒▒▒▒▒▒▒▒▒▒▒▒▒▒▒▒▒▒▒▒▒▒▒▒▒▒▒▒▒▒▒▒▒▒▒▒▒▒▒
▒▒▒▒▒▒▒▒▒
▒▒▒▒▒▒▒▒▒▒▒▒▒▒▒▒▒▒▒▒▒▒▒▒▒▒▒▒▒▒▒▒▒▒▒▒▒▒▒▒▒▒▒▒▒▒▒▒▒▒▒▒▒▒▒▒▒▒▒▒▒▒▒▒▒▒▒▒▒▒▒▒▒▒▒▒▒▒▒▒▒▒▒▒▒▒▒▒▒▒▒▒▒▒▒▒▒▒▒▒▒▒▒▒▒▒▒▒▒▒▒▒▒▒▒
▒▒▒▒▒▒▒▒
▒▒▒▒▒▒▒▒▒▒▒▒▒▒▒▒▒▒▒▒▒▒▒▒▒▒▒▒▒▒▒▒▒▒▒▒▒▒▒▒▒▒▒▒▒▒▒▒▒▒▒▒▒▒▒▒▒▒▒▒▒▒▒▒▒▒▒▒▒▒▒▒▒▒▒▒▒▒▒▒▒▒▒▒▒▒▒▒▒▒▒▒▒▒▒▒▒▒▒▒▒▒▒▒▒▒▒▒▒▒▒▒▒▒▒▒▒▒▒▒▒▒▒▒▒▒▒▒▒▒▒▒▒▒▒▒▒▒▒▒▒▒▒▒▒▒▒▒▒▒▒▒▒▒▒▒▒▒▒▒▒▒▒▒▒▒▒▒▒▒▒▒▒▒▒▒▒▒▒▒▒▒▒▒▒▒▒▒▒▒▒▒▒▒▒▒▒▒▒▒▒▒▒▒▒▒▒▒▒▒▒▒▒▒▒▒▒▒▒▒▒▒▒▒▒▒▒▒▒▒▒▒
▒▒▒▒▒▒▒▒▒
▒▒▒▒▒▒▒▒▒▒▒▒▒▒▒▒▒▒▒▒▒▒▒▒▒▒▒▒▒▒▒▒▒▒▒▒▒▒▒▒▒▒▒▒▒▒▒▒▒▒▒▒▒▒▒▒▒▒▒▒▒▒▒▒▒▒▒▒▒▒▒▒▒▒▒▒▒▒▒▒▒▒▒▒▒▒▒▒▒▒▒▒▒▒▒▒▒▒▒▒▒▒▒▒▒▒▒▒▒▒▒▒▒▒▒▒▒▒▒▒▒▒▒▒▒▒▒▒▒▒▒▒▒▒▒▒▒▒▒▒▒▒▒▒▒▒▒
▒▒▒▒▒▒▒▒▒▒▒
▒▒▒▒▒▒▒▒▒▒▒▒▒▒▒▒▒▒▒▒▒▒▒▒▒▒▒▒▒▒▒▒▒▒▒▒▒▒▒▒▒▒▒▒▒▒▒▒▒▒▒▒▒▒▒▒▒▒▒▒▒▒▒▒▒▒▒▒▒▒▒▒▒▒▒▒▒▒▒▒▒▒▒▒▒▒▒▒▒▒▒▒▒▒▒▒▒▒▒▒▒▒▒▒▒▒▒▒▒▒▒▒▒▒▒▒▒▒▒▒▒▒▒▒▒▒▒▒▒▒▒▒▒▒▒▒▒▒▒▒▒▒▒▒▒▒▒▒▒▒▒▒▒▒▒▒▒▒▒▒▒▒▒▒▒▒▒▒▒▒▒▒▒▒▒▒▒▒▒▒▒▒▒▒▒▒▒▒▒▒▒▒▒▒▒▒▒▒▒▒▒
▒▒▒▒▒▒▒▒▒▒▒
▒▒▒▒▒▒▒▒▒▒▒▒▒▒▒▒▒▒▒▒▒▒▒▒▒▒▒▒▒▒▒▒▒▒▒▒▒▒▒▒▒▒▒▒▒▒▒▒▒▒▒▒▒▒▒▒▒▒▒▒▒▒▒▒▒▒▒▒▒▒▒▒▒▒▒▒▒▒▒▒▒▒▒▒▒▒▒▒▒▒▒▒▒▒▒▒▒▒▒▒▒▒▒▒▒▒▒▒▒▒▒▒▒▒▒▒▒▒▒▒▒▒▒▒▒▒▒▒▒▒▒▒▒▒▒▒▒▒▒▒▒▒▒▒▒▒▒▒▒▒▒▒▒▒▒▒▒▒▒▒▒▒▒▒▒▒▒▒▒▒▒▒▒▒▒▒▒▒▒▒▒▒▒▒▒▒▒▒▒▒▒▒▒▒▒▒▒▒▒▒▒▒▒▒▒▒▒▒▒▒▒▒▒▒▒▒▒▒▒▒▒▒▒▒▒▒▒▒▒▒▒▒▒▒
▒▒▒▒▒▒▒▒▒
▒▒▒▒▒▒▒▒▒▒▒▒▒▒▒▒▒▒▒▒▒▒▒▒▒▒▒▒▒▒▒▒▒▒▒▒▒▒▒▒▒▒▒▒▒▒▒▒▒▒▒▒▒▒▒▒▒▒▒▒▒▒▒▒▒▒▒▒▒▒▒▒▒▒▒▒▒▒▒▒▒▒▒▒▒▒▒▒▒▒▒▒▒▒▒▒▒▒▒▒▒▒▒▒▒▒▒▒▒▒▒▒▒▒▒▒▒▒▒▒▒▒▒▒▒▒▒▒▒▒▒▒▒▒▒▒▒▒▒▒▒▒▒▒▒▒▒▒▒▒▒▒▒▒▒▒▒▒▒▒▒▒▒▒▒▒▒▒▒▒▒▒▒▒▒▒▒▒▒▒▒▒▒▒▒▒▒▒▒▒▒▒▒▒▒▒▒▒▒▒
▒▒▒▒▒▒▒▒▒▒
▒▒▒▒▒▒▒▒▒▒▒▒▒▒▒▒▒▒▒▒▒▒▒▒▒▒▒▒▒▒▒▒▒▒▒▒▒▒▒▒▒▒▒▒▒▒▒▒▒▒▒▒▒▒▒▒▒▒▒▒▒▒▒▒▒▒▒▒▒▒▒▒▒▒▒▒▒▒▒▒▒▒▒▒▒▒▒▒▒▒▒▒▒▒▒▒▒▒▒▒▒▒▒▒▒▒
▒▒▒▒▒▒▒▒▒▒
▒▒▒▒▒▒▒▒▒▒▒▒▒▒▒▒▒▒▒▒▒▒▒▒▒▒▒▒▒▒▒▒▒▒▒▒▒▒▒▒▒▒▒▒▒▒▒▒▒▒▒▒▒▒▒▒▒▒▒▒▒▒▒▒▒▒▒▒▒▒▒▒▒▒▒▒▒▒▒▒▒▒▒▒▒▒▒▒▒▒▒▒▒▒▒▒▒▒▒▒▒▒▒▒▒▒▒▒▒▒▒▒▒▒▒▒▒▒▒▒▒▒▒▒▒▒▒▒▒▒▒▒▒▒▒▒▒▒▒▒▒▒▒▒▒▒▒▒▒▒▒▒▒▒▒▒▒▒▒▒▒▒▒▒▒▒▒▒▒▒▒▒▒▒▒▒▒▒▒▒▒▒▒▒▒▒▒▒▒▒▒▒▒▒
▒▒▒▒▒▒▒▒
▒▒▒▒▒▒▒▒▒▒▒▒▒▒▒▒▒▒▒▒▒▒▒▒▒▒▒▒▒▒▒▒▒▒▒▒▒▒▒▒▒▒▒▒▒▒▒▒▒▒▒▒▒▒▒▒▒▒▒▒▒▒▒▒▒▒▒▒▒▒▒▒▒▒▒▒▒▒▒▒▒▒▒▒▒▒▒▒▒▒▒▒▒▒▒▒▒▒▒▒▒▒▒▒▒▒▒▒▒▒▒▒▒▒▒▒▒▒▒▒▒▒▒▒▒▒▒▒▒▒▒▒▒▒▒▒▒▒▒▒▒▒
▒▒▒▒▒▒▒▒▒▒▒▒
▒▒▒▒▒▒▒▒▒▒▒▒▒▒▒▒▒▒▒▒▒▒▒▒▒▒▒▒▒▒▒▒▒▒▒▒▒▒▒▒▒▒▒▒▒▒▒▒▒▒▒▒▒▒▒▒▒▒▒▒▒▒▒▒▒▒▒▒▒▒▒▒▒▒▒▒▒▒▒▒▒▒▒▒▒▒▒▒▒▒▒▒▒▒▒▒▒▒▒▒▒▒▒▒▒▒▒▒▒▒▒▒▒▒▒▒▒▒▒▒▒▒▒▒▒▒▒▒▒▒▒▒▒▒▒▒▒▒▒▒▒▒▒▒▒▒▒▒▒▒▒▒▒▒▒▒▒▒▒▒▒▒▒▒▒▒▒▒▒▒▒▒▒▒▒▒▒▒▒▒▒▒▒▒▒▒▒▒▒▒▒▒▒▒▒▒▒▒▒▒▒▒▒▒▒▒▒▒▒▒▒▒▒▒▒▒▒▒▒▒▒▒▒▒▒▒▒▒▒▒▒▒▒▒▒▒▒▒▒▒▒▒▒▒▒▒▒▒▒▒▒▒
▒▒▒▒▒▒▒▒
▒▒▒▒▒▒▒▒▒▒▒▒▒▒▒▒▒▒▒▒▒▒▒▒▒▒▒▒▒▒▒▒▒▒▒▒▒▒▒▒▒▒▒▒▒▒▒▒▒▒▒▒▒▒▒▒▒▒▒▒▒▒▒▒▒▒▒▒▒▒▒▒▒▒▒▒▒▒▒▒▒▒▒▒▒▒▒▒▒▒▒▒▒▒▒▒▒▒▒▒▒▒▒▒▒▒▒▒▒▒▒▒▒▒▒▒▒▒▒▒▒▒▒▒▒▒▒▒▒▒▒▒▒▒▒▒▒▒▒▒▒▒▒▒▒▒▒▒▒▒▒▒▒▒▒▒▒▒▒▒▒▒▒▒▒▒▒▒▒▒▒▒▒▒▒▒▒▒▒▒▒▒▒▒▒▒▒▒▒▒▒▒▒▒▒▒▒▒▒▒▒▒▒▒▒▒▒▒▒▒▒▒▒▒▒▒▒▒▒▒
▒▒▒▒▒▒▒▒▒
人民法院公告
▒▒▒▒▒▒▒▒▒▒▒▒▒▒▒▒▒▒▒▒▒▒▒▒▒▒▒▒▒▒▒▒▒▒▒▒▒▒▒▒▒▒▒▒▒▒▒▒▒▒▒▒▒▒▒▒▒▒▒▒▒▒▒▒▒▒▒▒▒▒▒▒▒▒▒▒▒▒▒▒▒▒▒▒▒▒▒▒▒▒▒▒▒▒▒▒▒▒▒▒▒▒▒▒▒▒▒▒▒▒▒▒▒▒▒▒▒▒▒▒▒▒▒▒▒▒▒▒▒▒▒▒▒▒▒▒▒▒▒▒▒
▒▒▒▒▒▒▒▒▒▒▒
▒▒▒▒▒▒▒▒▒▒▒▒▒▒▒▒▒▒▒▒▒▒▒▒▒▒▒▒▒▒▒▒▒▒▒▒▒▒▒▒▒▒▒▒▒▒▒▒▒▒▒▒▒▒▒▒▒▒▒▒▒▒▒▒▒▒▒▒▒▒▒▒▒▒▒▒▒▒▒▒▒▒▒▒▒▒▒▒▒▒▒▒▒▒▒▒▒▒▒▒▒▒▒▒▒▒▒▒▒▒▒▒▒▒▒▒▒
▒▒▒▒▒▒▒▒▒▒▒▒
▒▒▒▒▒▒▒▒▒▒▒▒▒▒▒▒▒▒▒▒▒▒▒▒▒▒▒▒▒▒▒▒▒▒▒▒▒▒▒▒▒▒▒▒▒▒▒▒▒▒▒▒▒▒▒▒▒▒▒▒▒▒▒▒▒▒▒▒▒▒▒▒▒▒▒▒▒▒▒▒▒▒▒▒▒▒▒▒▒▒▒▒▒▒▒▒▒▒▒▒▒▒▒▒▒▒▒▒▒▒▒▒▒▒▒▒▒▒▒▒▒▒▒▒▒▒▒▒▒▒▒▒▒▒▒▒▒▒▒▒▒▒▒▒▒▒▒▒▒▒▒▒▒▒▒▒▒▒▒▒▒▒▒▒▒▒▒▒▒▒▒▒▒▒▒▒▒▒▒▒▒▒▒▒▒▒▒▒▒▒▒▒▒▒▒▒▒▒▒▒▒▒▒▒▒▒▒▒▒▒▒▒▒▒▒▒▒▒▒▒▒▒▒▒▒▒▒▒▒▒▒▒▒▒▒▒▒▒▒▒▒▒▒▒
▒▒▒▒▒▒▒▒▒▒
▒▒▒▒▒▒▒▒▒▒▒▒▒▒▒▒▒▒▒▒▒▒▒▒▒▒▒▒▒▒▒▒▒▒▒▒▒▒▒▒▒▒▒▒▒▒▒▒▒▒▒▒▒▒▒▒▒▒▒▒▒▒▒▒▒▒▒▒▒▒▒▒▒▒▒▒▒▒▒▒▒▒▒▒▒▒▒▒▒▒▒▒▒▒▒▒▒▒▒▒▒▒▒▒▒▒▒▒▒▒▒▒▒▒▒▒▒▒▒▒▒▒▒▒▒▒▒▒▒▒▒▒▒▒▒▒▒▒▒▒▒▒▒▒▒▒▒▒▒▒▒▒▒▒▒▒▒▒▒▒▒▒▒▒▒▒▒▒▒▒▒▒▒▒▒▒▒▒▒▒▒▒▒▒▒▒▒▒▒▒▒▒▒▒▒▒▒▒▒▒▒▒▒▒▒▒▒▒▒▒▒▒▒▒▒▒▒▒▒▒▒▒▒▒▒▒▒▒▒▒▒▒▒▒▒▒▒▒▒▒▒▒▒▒▒▒
▒▒▒▒▒▒▒▒▒▒▒
▒▒▒▒▒▒▒▒▒▒▒▒▒▒▒▒▒▒▒▒▒▒▒▒▒▒▒▒▒▒▒▒▒▒▒▒▒▒▒▒▒▒▒▒▒▒▒▒▒▒▒▒▒▒▒▒▒▒▒▒▒▒▒▒▒▒▒▒▒▒▒▒▒▒▒▒▒▒▒▒▒▒▒▒▒▒▒▒▒▒▒▒▒▒▒▒▒▒▒▒▒▒▒▒▒▒▒▒▒▒▒▒▒▒▒▒▒▒▒▒▒▒▒▒▒▒▒▒▒▒▒▒▒▒▒▒▒▒▒▒▒▒▒▒▒▒▒▒▒▒▒▒▒▒▒▒▒▒▒▒▒
▒▒▒▒▒▒▒▒
▒▒▒▒▒▒▒▒▒▒▒▒▒▒▒▒▒▒▒▒▒▒▒▒▒▒▒▒▒▒▒▒▒▒▒▒▒▒▒▒▒▒▒▒▒▒▒▒▒▒▒▒▒▒▒▒▒▒▒▒▒▒▒▒▒▒▒▒▒▒▒▒▒▒▒▒▒▒▒▒▒▒▒▒▒▒▒▒▒▒▒▒▒▒▒▒▒▒▒▒▒▒▒▒▒▒▒▒▒▒▒▒▒▒▒▒▒▒▒▒▒▒▒▒▒▒▒▒▒▒▒▒▒▒▒▒▒▒▒▒▒▒▒▒▒▒▒▒▒▒▒▒▒▒▒▒▒▒▒▒▒▒▒▒▒▒▒▒▒▒▒▒▒▒▒▒▒▒▒▒▒▒▒▒▒▒▒▒▒▒▒▒▒▒▒▒▒▒▒▒▒▒▒▒▒▒▒▒▒▒▒▒▒▒▒▒▒▒▒▒▒▒
▒▒▒▒▒▒▒▒▒▒
▒▒▒▒▒▒▒▒▒▒▒▒▒▒▒▒▒▒▒▒▒▒▒▒▒▒▒▒▒▒▒▒▒▒▒▒▒▒▒▒▒▒▒▒▒▒▒▒▒▒▒▒▒▒▒▒▒▒▒▒▒▒▒▒▒▒▒▒▒▒▒▒▒▒▒▒▒▒▒▒▒▒▒▒▒▒▒▒▒▒▒▒▒▒▒▒▒▒▒▒▒▒▒▒▒▒▒▒▒▒▒▒▒▒▒▒▒▒▒▒▒▒▒▒▒▒▒▒▒▒▒▒▒▒▒▒▒▒▒▒▒▒▒▒▒▒▒▒▒▒▒▒▒▒▒▒▒▒▒▒▒▒▒▒▒▒▒▒▒▒▒▒▒▒▒▒▒▒▒▒▒▒▒▒▒▒
▒▒▒▒▒▒▒▒
▒▒▒▒▒▒▒▒▒▒▒▒▒▒▒▒▒▒▒▒▒▒▒▒▒▒▒▒▒▒▒▒▒▒▒▒▒▒▒▒▒▒▒▒▒▒▒▒▒▒▒▒▒▒▒▒▒▒▒▒▒▒▒▒▒▒▒▒▒▒▒▒▒▒▒▒▒▒▒▒▒▒▒▒▒▒▒▒▒▒▒▒▒▒▒▒▒▒▒▒▒▒▒▒▒▒▒▒▒▒▒▒▒▒▒▒▒▒▒▒▒▒▒▒▒▒▒▒▒▒▒▒▒▒▒▒▒▒▒▒▒▒▒▒▒▒▒▒▒▒▒▒▒▒▒▒▒▒▒▒▒▒▒▒▒▒▒▒▒▒▒▒▒▒▒▒▒▒▒▒▒▒▒▒▒▒▒▒▒▒▒▒▒▒▒▒▒▒▒▒▒▒▒▒▒▒▒▒▒▒▒▒▒▒▒▒▒▒▒▒▒▒▒▒▒▒▒▒▒▒▒▒▒▒▒▒
▒▒▒▒▒▒▒▒▒▒▒
▒▒▒▒▒▒▒▒▒▒▒▒▒▒▒▒▒▒▒▒▒▒▒▒▒▒▒▒▒▒▒▒▒▒▒▒▒▒▒▒▒▒▒▒▒▒▒▒▒▒▒▒▒▒▒▒▒▒▒▒▒▒▒▒▒▒▒▒▒▒▒▒▒▒▒▒▒▒▒▒▒▒▒▒▒▒▒▒▒▒▒▒▒▒▒▒▒▒▒▒▒▒▒▒▒▒▒▒▒▒▒▒▒▒▒▒▒▒▒▒▒▒▒▒▒▒▒▒▒▒▒▒▒▒▒▒▒▒▒▒▒▒▒▒▒▒▒▒▒▒▒▒▒▒▒▒▒▒▒▒▒▒▒▒▒▒▒▒▒▒▒▒▒▒▒▒▒▒▒▒▒▒▒▒▒▒▒▒▒▒▒▒▒▒▒▒▒▒▒▒▒▒▒▒▒▒▒▒▒▒▒
▒▒▒▒▒▒▒▒▒▒▒
▒▒▒▒▒▒▒▒▒▒▒▒▒▒▒▒▒▒▒▒▒▒▒▒▒▒▒▒▒▒▒▒▒▒▒▒▒▒▒▒▒▒▒▒▒▒▒▒▒▒▒▒▒▒▒▒▒▒▒▒▒▒▒▒▒▒▒▒▒▒▒▒▒▒▒▒▒▒▒▒▒▒▒▒▒▒▒▒▒▒▒▒▒▒▒▒▒▒▒▒▒▒▒▒▒▒▒▒▒▒▒▒▒▒▒▒▒▒▒▒▒▒▒▒▒▒▒▒▒▒▒▒▒▒▒▒▒▒▒▒▒▒▒▒▒▒▒▒▒▒▒▒▒▒▒▒▒▒▒▒▒▒▒▒▒▒▒▒▒▒▒▒▒▒▒▒▒▒▒▒▒▒▒▒▒▒▒▒▒▒▒▒▒▒▒▒▒▒▒▒▒▒▒▒▒▒▒▒▒▒▒▒▒▒▒▒▒▒▒▒▒▒▒▒▒
▒▒▒▒▒▒▒▒▒▒▒
▒▒▒▒▒▒▒▒▒▒▒▒▒▒▒▒▒▒▒▒▒▒▒▒▒▒▒▒▒▒▒▒▒▒▒▒▒▒▒▒▒▒▒▒▒▒▒▒▒▒▒▒▒▒▒▒▒▒▒▒▒▒▒▒▒▒▒▒▒▒▒▒▒▒▒▒▒▒▒▒▒▒▒▒▒▒▒▒▒▒▒▒▒▒▒▒▒▒▒▒▒▒▒▒▒▒▒▒▒▒▒▒▒▒▒▒▒▒▒▒▒▒▒▒
▒▒▒▒▒▒▒▒▒▒
▒▒▒▒▒▒▒▒▒▒▒▒▒▒▒▒▒▒▒▒▒▒▒▒▒▒▒▒▒▒▒▒▒▒▒▒▒▒▒▒▒▒▒▒▒▒▒▒▒▒▒▒▒▒▒▒▒▒▒▒▒▒▒▒▒▒▒▒▒▒▒▒▒▒▒▒▒▒▒▒▒▒▒▒▒▒▒▒▒▒▒▒▒▒▒▒▒▒▒▒▒▒▒▒▒▒▒▒▒▒▒▒▒▒▒▒▒▒▒▒▒▒▒▒▒▒▒▒▒▒▒▒▒▒▒▒▒▒▒▒▒▒▒▒▒▒▒▒▒▒▒▒▒▒▒▒▒
▒▒▒▒▒▒▒▒▒▒
▒▒▒▒▒▒▒▒▒▒▒▒▒▒▒▒▒▒▒▒▒▒▒▒▒▒▒▒▒▒▒▒▒▒▒▒▒▒▒▒▒▒▒▒▒▒▒▒▒▒▒▒▒▒▒▒▒▒▒▒▒▒▒▒▒▒▒▒▒▒▒▒▒▒▒▒▒▒▒▒▒▒▒▒▒▒▒▒▒▒▒▒▒▒▒▒▒▒▒▒▒▒▒▒▒▒▒▒▒▒▒▒▒▒▒▒▒▒▒▒▒▒▒▒▒▒▒▒▒▒▒▒▒▒▒▒▒▒▒▒▒▒▒▒▒▒▒▒▒▒▒▒▒▒
▒▒▒▒▒▒▒▒
▒▒▒▒▒▒▒▒▒▒▒▒▒▒▒▒▒▒▒▒▒▒▒▒▒▒▒▒▒▒▒▒▒▒▒▒▒▒▒▒▒▒▒▒▒▒▒▒▒▒▒▒▒▒▒▒▒▒▒▒▒▒▒▒▒▒▒▒▒▒▒▒▒▒▒▒▒▒▒▒▒▒▒▒▒▒▒▒▒▒▒▒▒▒▒▒▒
▒▒▒▒▒▒▒▒▒▒▒▒
▒▒▒▒▒▒▒▒▒▒▒▒▒▒▒▒▒▒▒▒▒▒▒▒▒▒▒▒▒▒▒▒▒▒▒▒▒▒▒▒▒▒▒▒▒▒▒▒▒▒▒▒▒▒▒▒▒▒▒▒▒▒▒▒▒▒▒▒▒▒▒▒▒▒▒▒▒▒▒▒▒▒▒▒▒▒▒▒▒▒▒▒▒▒▒▒▒▒▒▒▒▒▒▒▒▒▒▒▒▒▒▒▒▒▒▒▒▒▒▒▒▒▒▒▒▒▒▒▒▒▒▒▒▒▒▒▒▒▒▒▒▒▒▒▒▒▒▒▒▒▒▒▒▒▒▒▒▒▒▒▒▒▒▒▒▒▒▒▒▒
▒▒▒▒▒▒▒▒▒▒
▒▒▒▒▒▒▒▒▒▒▒▒▒▒▒▒▒▒▒▒▒▒▒▒▒▒▒▒▒▒▒▒▒▒▒▒▒▒▒▒▒▒▒▒▒▒▒▒▒▒▒▒▒▒▒▒▒▒▒▒▒▒▒▒▒▒▒▒▒▒▒▒▒▒▒▒▒▒▒▒▒▒▒▒▒▒▒▒▒▒▒▒▒▒▒▒▒▒▒▒▒▒▒▒▒▒▒▒▒▒▒▒▒▒▒▒▒▒▒▒▒▒▒▒▒▒▒▒▒▒▒▒▒▒▒▒▒▒▒▒▒▒▒▒▒▒▒▒▒▒▒▒▒▒▒▒▒▒▒▒▒▒▒▒▒▒▒▒▒▒▒▒▒▒▒▒▒▒▒▒▒▒▒▒▒▒▒▒▒▒▒▒▒▒▒▒▒▒▒▒▒▒▒▒▒▒▒▒▒▒▒▒▒▒▒▒▒▒▒▒▒▒▒▒▒▒▒▒▒▒▒▒▒
▒▒▒▒▒▒▒▒
▒▒▒▒▒▒▒▒▒▒▒▒▒▒▒▒▒▒▒▒▒▒▒▒▒▒▒▒▒▒▒▒▒▒▒▒▒▒▒▒▒▒▒▒▒▒▒▒▒▒▒▒▒▒▒▒▒▒▒▒▒▒▒▒▒▒▒▒▒▒▒▒▒▒▒▒▒▒▒▒▒▒▒▒▒▒▒▒▒▒▒▒▒▒▒▒▒▒▒▒▒▒
▒▒▒▒▒▒▒▒▒▒▒▒
▒▒▒▒▒▒▒▒▒▒▒▒▒▒▒▒▒▒▒▒▒▒▒▒▒▒▒▒▒▒▒▒▒▒▒▒▒▒▒▒▒▒▒▒▒▒▒▒▒▒▒▒▒▒▒▒▒▒▒▒▒▒▒▒▒▒▒▒▒▒▒▒▒▒▒▒▒▒▒▒▒▒▒▒▒▒▒▒▒▒▒▒▒▒▒▒▒▒▒▒▒▒▒▒▒▒▒▒▒▒▒▒▒▒▒▒▒▒▒▒▒▒▒▒▒▒▒▒▒▒▒▒▒▒▒▒▒▒▒▒▒▒▒▒▒▒▒▒▒▒▒▒▒▒▒▒▒▒▒▒▒▒▒▒▒▒▒▒▒▒▒▒▒▒▒▒▒▒▒▒▒▒▒▒▒▒▒▒▒▒▒▒▒
▒▒▒▒▒▒▒▒▒▒
▒▒▒▒▒▒▒▒▒▒▒▒▒▒▒▒▒▒▒▒▒▒▒▒▒▒▒▒▒▒▒▒▒▒▒▒▒▒▒▒▒▒▒▒▒▒▒▒▒▒▒▒▒▒▒▒▒▒▒▒▒▒▒▒▒▒▒▒▒▒▒▒▒▒▒▒▒▒▒▒▒▒▒▒▒▒▒▒▒▒▒▒▒▒▒▒
▒▒▒▒▒▒▒▒▒
▒▒▒▒▒▒▒▒▒▒▒▒▒▒▒▒▒▒▒▒▒▒▒▒▒▒▒▒▒▒▒▒▒▒▒▒▒▒▒▒▒▒▒▒▒▒▒▒▒▒▒▒▒▒▒▒▒▒▒▒▒▒▒▒▒▒▒▒▒▒▒▒▒▒▒▒▒▒▒▒▒▒▒▒▒▒▒▒▒▒▒▒▒▒▒▒▒▒▒▒▒▒▒▒▒▒▒▒▒▒▒▒▒▒▒▒▒▒▒▒▒▒▒▒▒▒▒▒▒▒▒▒▒▒▒▒▒▒▒▒▒▒▒▒▒▒▒▒▒▒▒▒▒▒▒▒▒▒▒▒▒▒▒▒▒▒▒▒▒▒▒▒▒▒▒▒▒▒▒▒▒▒▒▒▒▒▒▒▒▒▒▒▒▒▒▒▒▒▒▒▒▒▒▒▒▒▒▒▒▒▒▒▒▒▒▒▒▒▒▒▒▒▒▒▒▒▒▒▒▒▒▒▒▒▒▒▒▒▒▒▒
▒▒▒▒▒▒▒▒▒▒▒
▒▒▒▒▒▒▒▒▒▒▒▒▒▒▒▒▒▒▒▒▒▒▒▒▒▒▒▒▒▒▒▒▒▒▒▒▒▒▒▒▒▒▒▒▒▒▒▒▒▒▒▒▒▒▒▒▒▒▒▒▒▒▒▒▒▒▒▒▒▒▒▒▒▒▒▒▒▒▒▒▒▒▒▒▒▒▒▒▒▒▒▒▒▒▒▒▒▒▒▒▒▒▒▒▒▒▒▒▒▒▒▒▒▒▒▒▒▒▒▒▒▒▒▒▒▒▒▒▒▒▒▒▒▒▒▒▒▒▒▒▒▒▒▒▒▒▒▒▒▒▒▒▒▒▒▒▒▒▒▒▒▒▒▒▒▒▒▒▒▒▒▒▒▒▒▒▒
▒▒▒▒▒▒▒▒
▒▒▒▒▒▒▒▒▒▒▒▒▒▒▒▒▒▒▒▒▒▒▒▒▒▒▒▒▒▒▒▒▒▒▒▒▒▒▒▒▒▒▒▒▒▒▒▒▒▒▒▒▒▒▒▒▒▒▒▒▒▒▒▒▒▒▒▒▒▒▒▒▒▒▒▒▒▒▒▒▒▒▒▒▒▒▒▒▒▒▒▒▒▒▒▒▒▒▒▒▒▒▒▒▒▒▒▒▒▒▒▒▒▒▒▒▒▒▒▒▒▒▒▒▒▒▒▒▒▒▒▒▒▒▒▒▒▒▒▒▒▒▒▒▒▒▒▒▒▒▒▒▒▒▒▒▒▒▒▒▒▒▒▒▒▒▒
▒▒▒▒▒▒▒▒▒
▒▒▒▒▒▒▒▒▒▒▒▒▒▒▒▒▒▒▒▒▒▒▒▒▒▒▒▒▒▒▒▒▒▒▒▒▒▒▒▒▒▒▒▒▒▒▒▒▒▒▒▒▒▒▒▒▒▒▒▒▒▒▒▒▒▒▒▒▒▒▒▒▒▒▒▒▒▒▒▒▒▒▒▒▒▒▒▒▒▒▒▒▒▒▒▒▒▒▒▒▒▒▒▒▒▒▒▒▒▒▒▒▒▒▒▒▒▒▒▒▒▒▒▒▒▒▒▒▒▒▒▒▒▒▒▒▒▒▒▒▒
▒▒▒▒▒▒▒▒▒▒
▒▒▒▒▒▒▒▒▒▒▒▒▒▒▒▒▒▒▒▒▒▒▒▒▒▒▒▒▒▒▒▒▒▒▒▒▒▒▒▒▒▒▒▒▒▒▒▒▒▒▒▒▒▒▒▒▒▒▒▒▒▒▒▒▒▒▒▒▒▒▒▒▒▒▒▒▒▒▒▒▒▒▒▒▒▒▒▒▒▒▒▒▒▒▒▒▒▒▒▒▒▒▒▒▒▒▒▒▒▒▒▒▒▒▒▒▒▒▒▒▒▒▒▒▒▒▒▒▒▒▒▒▒▒▒▒▒▒▒▒▒▒▒▒▒▒▒▒▒▒▒▒▒▒▒▒▒▒▒▒▒▒▒▒▒▒▒▒▒▒▒▒▒▒▒▒▒▒▒▒▒▒▒▒▒▒▒▒▒▒▒▒▒▒▒▒▒▒▒▒▒▒▒▒▒▒▒▒▒▒▒▒▒▒▒▒▒▒▒▒▒▒▒▒▒▒
▒▒▒▒▒▒▒▒▒▒▒▒
▒▒▒▒▒▒▒▒▒▒▒▒▒▒▒▒▒▒▒▒▒▒▒▒▒▒▒▒▒▒▒▒▒▒▒▒▒▒▒▒▒▒▒▒▒▒▒▒▒▒▒▒▒▒▒▒▒▒▒▒▒▒▒▒▒▒▒▒▒▒▒▒▒▒▒▒▒▒▒▒▒▒▒▒▒▒▒▒▒▒▒▒▒▒▒▒▒▒▒▒▒▒▒▒▒▒▒▒▒▒▒▒▒▒▒▒▒▒▒▒▒▒▒▒▒▒▒▒▒▒▒▒▒▒▒▒▒▒▒▒▒▒▒▒▒▒▒▒▒▒▒▒▒▒▒▒▒▒▒▒▒▒▒▒▒▒▒▒▒▒▒▒▒▒▒▒▒▒▒▒▒▒▒▒▒▒▒▒▒▒▒▒▒▒▒▒▒▒▒▒▒▒▒▒▒▒▒▒▒▒▒▒▒▒▒▒▒▒▒▒▒▒▒▒▒▒▒▒▒
▒▒▒▒▒▒▒▒▒▒▒▒
▒▒▒▒▒▒▒▒▒▒▒▒▒▒▒▒▒▒▒▒▒▒▒▒▒▒▒▒▒▒▒▒▒▒▒▒▒▒▒▒▒▒▒▒▒▒▒▒▒▒▒▒▒▒▒▒▒▒▒▒▒▒▒▒▒▒▒▒▒▒▒▒▒▒▒▒▒▒▒▒▒▒▒▒▒▒▒▒▒▒▒▒▒▒▒▒▒▒▒▒▒▒▒▒▒▒▒▒▒▒▒▒▒▒▒▒▒▒▒▒▒▒▒▒▒▒▒▒▒▒▒▒▒▒▒▒▒▒▒▒▒▒▒▒▒▒▒▒▒▒▒▒▒▒▒▒▒▒▒▒▒▒▒▒▒▒▒▒▒▒▒▒▒▒▒▒▒▒▒▒▒▒▒▒▒▒▒▒▒▒▒▒▒▒▒▒▒▒▒▒▒▒▒▒▒▒▒▒▒▒▒▒▒▒▒▒▒▒▒▒▒▒▒▒▒▒▒▒▒▒▒▒
▒▒▒▒▒▒▒▒▒▒▒
▒▒▒▒▒▒▒▒▒▒▒▒▒▒▒▒▒▒▒▒▒▒▒▒▒▒▒▒▒▒▒▒▒▒▒▒▒▒▒▒▒▒▒▒▒▒▒▒▒▒▒▒▒▒▒▒▒▒▒▒▒▒▒▒▒▒▒▒▒▒▒▒▒▒▒▒▒▒▒▒▒▒▒▒▒▒▒▒▒▒▒▒▒▒▒▒▒▒▒▒▒▒▒▒▒▒▒▒▒▒▒▒▒▒▒▒▒▒▒▒▒▒▒
▒▒▒▒▒▒▒▒▒▒▒
▒▒▒▒▒▒▒▒▒▒▒▒▒▒▒▒▒▒▒▒▒▒▒▒▒▒▒▒▒▒▒▒▒▒▒▒▒▒▒▒▒▒▒▒▒▒▒▒▒▒▒▒▒▒▒▒▒▒▒▒▒▒▒▒▒▒▒▒▒▒▒▒▒▒▒▒▒▒▒▒▒▒▒▒▒▒▒▒▒▒▒▒▒▒▒▒▒▒▒▒▒▒▒▒▒▒▒▒▒▒▒▒▒▒▒▒▒▒▒▒▒▒▒▒▒▒▒▒▒▒▒▒▒▒▒▒▒▒▒▒▒▒▒▒▒▒▒▒▒▒▒▒▒▒▒▒▒▒▒▒▒▒▒▒▒▒▒▒▒▒▒▒▒▒▒▒▒▒▒▒▒▒▒▒▒▒▒▒▒▒▒▒▒▒▒▒▒▒▒▒▒▒▒▒▒▒▒▒▒▒▒▒▒▒▒▒▒▒▒▒▒▒▒▒▒▒▒▒▒▒▒▒▒▒
▒▒▒▒▒▒▒▒▒▒
▒▒▒▒▒▒▒▒▒▒▒▒▒▒▒▒▒▒▒▒▒▒▒▒▒▒▒▒▒▒▒▒▒▒▒▒▒▒▒▒▒▒▒▒▒▒▒▒▒▒▒▒▒▒▒▒▒▒▒▒▒▒▒▒▒▒▒▒▒▒▒▒▒▒▒▒▒▒▒▒▒▒▒▒▒▒▒▒▒▒▒▒▒▒▒▒▒▒▒▒▒▒▒▒▒▒▒▒▒▒▒▒▒▒▒▒▒▒▒▒▒▒▒▒▒▒▒▒▒▒▒▒▒▒▒▒▒▒▒
▒▒▒▒▒▒▒▒▒▒▒
▒▒▒▒▒▒▒▒▒▒▒▒▒▒▒▒▒▒▒▒▒▒▒▒▒▒▒▒▒▒▒▒▒▒▒▒▒▒▒▒▒▒▒▒▒▒▒▒▒▒▒▒▒▒▒▒▒▒▒▒▒▒▒▒▒▒▒▒▒▒▒▒▒▒▒▒▒▒▒▒▒▒▒▒▒▒▒▒▒▒▒▒▒▒▒▒▒▒▒▒▒▒▒▒▒▒▒▒▒▒▒▒▒▒▒▒▒▒▒▒▒▒▒▒▒▒▒▒▒▒▒▒▒▒▒▒▒▒▒▒▒▒
▒▒▒▒▒▒▒▒▒
▒▒▒▒▒▒▒▒▒▒▒▒▒▒▒▒▒▒▒▒▒▒▒▒▒▒▒▒▒▒▒▒▒▒▒▒▒▒▒▒▒▒▒▒▒▒▒▒▒▒▒▒▒▒▒▒▒▒▒▒▒▒▒▒▒▒▒▒▒▒▒▒▒▒▒▒▒▒▒▒▒▒▒▒▒▒▒▒▒▒▒▒▒▒▒▒▒▒▒▒▒▒▒▒▒▒▒▒▒▒▒▒▒▒▒▒▒▒▒▒▒▒▒▒▒▒
▒▒▒▒▒▒▒▒
▒▒▒▒▒▒▒▒▒▒▒▒▒▒▒▒▒▒▒▒▒▒▒▒▒▒▒▒▒▒▒▒▒▒▒▒▒▒▒▒▒▒▒▒▒▒▒▒▒▒▒▒▒▒▒▒▒▒▒▒▒▒▒▒▒▒▒▒▒▒▒▒▒▒▒▒▒▒▒▒▒▒▒▒▒▒▒▒▒▒▒▒▒▒▒▒▒▒▒▒▒▒▒▒▒▒▒▒▒▒▒▒▒▒▒▒▒▒▒▒▒▒▒▒▒▒▒▒▒▒▒▒
▒▒▒▒▒▒▒▒▒▒▒
▒▒▒▒▒▒▒▒▒▒▒▒▒▒▒▒▒▒▒▒▒▒▒▒▒▒▒▒▒▒▒▒▒▒▒▒▒▒▒▒▒▒▒▒▒▒▒▒▒▒▒▒▒▒▒▒▒▒▒▒▒▒▒▒▒▒▒▒▒▒▒▒▒▒▒▒▒▒▒▒▒▒▒▒▒▒▒▒▒▒▒▒▒▒▒▒▒▒▒▒▒▒▒▒▒▒▒▒▒▒▒▒▒▒▒▒▒▒▒▒▒▒▒▒▒▒▒▒▒▒▒▒▒▒▒▒▒▒▒▒▒▒▒▒▒▒▒▒▒▒▒▒▒▒▒▒▒▒▒▒▒▒▒▒▒▒▒▒▒▒▒▒▒▒▒▒▒▒▒▒▒▒▒▒▒▒▒▒▒▒▒▒▒▒▒▒▒▒▒▒▒▒▒▒▒▒▒▒▒▒▒▒▒▒▒▒▒▒▒▒▒▒▒▒▒
▒▒▒▒▒▒▒▒
▒▒▒▒▒▒▒▒▒▒▒▒▒▒▒▒▒▒▒▒▒▒▒▒▒▒▒▒▒▒▒▒▒▒▒▒▒▒▒▒▒▒▒▒▒▒▒▒▒▒▒▒▒▒▒▒▒▒▒▒▒▒▒▒▒▒▒▒▒▒▒▒▒▒▒▒▒▒▒▒▒▒▒▒▒▒▒▒▒▒▒▒▒▒▒▒▒▒▒▒▒▒▒▒▒▒▒▒▒▒▒▒▒▒▒▒▒▒▒▒▒▒▒▒▒▒▒▒▒▒▒▒▒▒▒▒▒▒▒▒▒▒▒▒▒▒▒▒▒▒▒▒▒▒▒▒▒▒▒▒▒▒▒▒▒▒▒▒▒▒▒
▒▒▒▒▒▒▒▒
人民法院公告
▒▒▒▒▒▒▒▒▒▒▒▒▒▒▒▒▒▒▒▒▒▒▒▒▒▒▒▒▒▒▒▒▒▒▒▒▒▒▒▒▒▒▒▒▒▒▒▒▒▒▒▒▒▒▒▒▒▒▒▒▒▒▒▒▒▒▒▒▒▒▒▒▒▒▒▒▒▒▒▒▒▒▒▒▒▒▒▒▒▒▒▒▒▒▒▒▒▒▒▒▒▒▒▒▒▒▒▒▒▒▒▒▒▒▒▒▒▒
▒▒▒▒▒▒▒▒
▒▒▒▒▒▒▒▒▒▒▒▒▒▒▒▒▒▒▒▒▒▒▒▒▒▒▒▒▒▒▒▒▒▒▒▒▒▒▒▒▒▒▒▒▒▒▒▒▒▒▒▒▒▒▒▒▒▒▒▒▒▒▒▒▒▒▒▒▒▒▒▒▒▒▒▒▒▒▒▒▒▒▒▒▒▒▒▒▒▒▒▒▒▒▒▒▒▒▒▒▒▒▒▒▒▒▒▒▒▒▒▒▒▒▒▒▒▒▒▒▒▒▒▒▒▒▒▒▒▒▒▒▒▒▒▒▒▒▒▒▒▒▒▒▒▒▒▒▒▒▒▒▒▒▒▒▒▒▒▒▒▒▒▒▒▒▒▒▒▒▒▒▒▒▒▒▒▒▒▒▒▒▒▒▒▒▒▒▒▒▒▒▒▒▒▒▒▒▒▒▒▒▒▒▒▒▒▒▒▒▒▒▒▒▒▒▒▒▒▒▒▒▒▒▒▒▒▒▒▒▒▒▒▒▒▒▒▒▒▒▒▒▒▒▒▒▒▒▒
▒▒▒▒▒▒▒▒▒▒▒
▒▒▒▒▒▒▒▒▒▒▒▒▒▒▒▒▒▒▒▒▒▒▒▒▒▒▒▒▒▒▒▒▒▒▒▒▒▒▒▒▒▒▒▒▒▒▒▒▒▒▒▒▒▒▒▒▒▒▒▒▒▒▒▒▒▒▒▒▒▒▒▒▒▒▒▒▒▒▒▒▒▒▒▒▒▒▒▒▒▒▒▒▒▒▒▒▒▒▒▒▒▒▒▒▒▒▒▒▒▒▒▒▒▒▒▒▒▒▒▒▒▒▒▒▒▒▒▒▒▒▒▒▒▒▒▒▒▒▒▒▒▒▒▒▒▒▒▒▒▒▒▒▒▒▒▒▒▒▒▒▒▒▒▒▒▒▒▒▒▒▒▒▒▒▒▒▒▒▒▒▒▒▒▒▒▒▒▒▒▒▒▒▒▒▒▒▒▒▒▒▒▒▒▒▒▒▒▒
▒▒▒▒▒▒▒▒
▒▒▒▒▒▒▒▒▒▒▒▒▒▒▒▒▒▒▒▒▒▒▒▒▒▒▒▒▒▒▒▒▒▒▒▒▒▒▒▒▒▒▒▒▒▒▒▒▒▒▒▒▒▒▒▒▒▒▒▒▒▒▒▒▒▒▒▒▒▒▒▒▒▒▒▒▒▒▒▒▒▒▒▒▒▒▒▒▒▒▒▒▒▒▒▒▒▒▒▒▒▒▒▒▒▒▒▒▒▒▒▒▒▒▒▒▒▒▒▒▒▒▒▒▒▒▒▒▒▒▒▒▒▒▒▒▒▒▒▒▒▒▒▒▒▒▒▒▒▒▒▒▒▒▒
▒▒▒▒▒▒▒▒▒▒▒
▒▒▒▒▒▒▒▒▒▒▒▒▒▒▒▒▒▒▒▒▒▒▒▒▒▒▒▒▒▒▒▒▒▒▒▒▒▒▒▒▒▒▒▒▒▒▒▒▒▒▒▒▒▒▒▒▒▒▒▒▒▒▒▒▒▒▒▒▒▒▒▒▒▒▒▒▒▒▒▒▒▒▒▒▒▒▒▒▒▒▒▒▒▒▒▒▒▒▒▒▒▒▒▒▒▒▒▒▒▒▒▒▒▒▒▒▒▒▒▒▒▒▒▒▒▒▒▒▒▒▒▒▒▒▒▒▒▒▒▒▒▒▒▒▒▒▒▒▒▒▒▒▒▒▒▒▒▒▒▒▒▒▒▒▒▒▒▒▒▒▒▒▒▒▒▒▒▒▒▒▒▒▒▒
▒▒▒▒▒▒▒▒▒
▒▒▒▒▒▒▒▒▒▒▒▒▒▒▒▒▒▒▒▒▒▒▒▒▒▒▒▒▒▒▒▒▒▒▒▒▒▒▒▒▒▒▒▒▒▒▒▒▒▒▒▒▒▒▒▒▒▒▒▒▒▒▒▒▒▒▒▒▒▒▒▒▒▒▒▒▒▒▒▒▒▒▒▒▒▒▒▒▒▒▒▒▒▒▒▒▒▒▒▒▒▒▒▒▒▒▒▒▒▒▒▒▒▒▒▒▒▒▒▒
▒▒▒▒▒▒▒▒▒▒
▒▒▒▒▒▒▒▒▒▒▒▒▒▒▒▒▒▒▒▒▒▒▒▒▒▒▒▒▒▒▒▒▒▒▒▒▒▒▒▒▒▒▒▒▒▒▒▒▒▒▒▒▒▒▒▒▒▒▒▒▒▒▒▒▒▒▒▒▒▒▒▒▒▒▒▒▒▒▒▒▒▒▒▒▒▒▒▒▒▒▒▒▒▒▒▒▒▒▒▒▒▒▒▒▒▒▒▒▒▒▒▒▒▒▒▒
▒▒▒▒▒▒▒▒
▒▒▒▒▒▒▒▒▒▒▒▒▒▒▒▒▒▒▒▒▒▒▒▒▒▒▒▒▒▒▒▒▒▒▒▒▒▒▒▒▒▒▒▒▒▒▒▒▒▒▒▒▒▒▒▒▒▒▒▒▒▒▒▒▒▒▒▒▒▒▒▒▒▒▒▒▒▒▒▒▒▒▒▒▒▒▒▒▒▒▒▒▒▒▒▒▒▒▒▒▒▒▒▒▒▒▒▒▒▒▒▒▒▒▒▒▒▒▒▒▒▒▒▒▒▒▒▒▒▒▒▒▒▒▒▒▒▒▒▒▒▒▒▒▒▒▒▒▒▒▒▒▒▒▒▒▒▒▒▒▒▒▒▒▒▒▒▒▒▒▒▒▒▒▒▒▒▒▒▒▒▒▒
▒▒▒▒▒▒▒▒▒
▒▒▒▒▒▒▒▒▒▒▒▒▒▒▒▒▒▒▒▒▒▒▒▒▒▒▒▒▒▒▒▒▒▒▒▒▒▒▒▒▒▒▒▒▒▒▒▒▒▒▒▒▒▒▒▒▒▒▒▒▒▒▒▒▒▒▒▒▒▒▒▒▒▒▒▒▒▒▒▒▒▒▒▒▒▒▒▒▒▒▒▒▒▒▒▒▒▒▒▒▒▒▒▒▒▒▒▒▒▒▒▒▒▒▒▒▒▒▒▒▒▒▒▒▒▒▒▒▒▒▒▒▒▒▒▒▒▒▒▒▒▒▒▒▒▒▒▒▒▒▒▒▒▒▒▒▒▒▒▒▒▒▒▒▒▒▒▒▒▒▒▒▒▒▒▒▒▒▒▒▒▒▒▒▒▒▒▒▒
▒▒▒▒▒▒▒▒▒
▒▒▒▒▒▒▒▒▒▒▒▒▒▒▒▒▒▒▒▒▒▒▒▒▒▒▒▒▒▒▒▒▒▒▒▒▒▒▒▒▒▒▒▒▒▒▒▒▒▒▒▒▒▒▒▒▒▒▒▒▒▒▒▒▒▒▒▒▒▒▒▒▒▒▒▒▒▒▒▒▒▒▒▒▒▒▒▒▒▒▒▒▒▒▒▒▒▒▒▒▒▒▒▒▒
▒▒▒▒▒▒▒▒▒▒▒▒
▒▒▒▒▒▒▒▒▒▒▒▒▒▒▒▒▒▒▒▒▒▒▒▒▒▒▒▒▒▒▒▒▒▒▒▒▒▒▒▒▒▒▒▒▒▒▒▒▒▒▒▒▒▒▒▒▒▒▒▒▒▒▒▒▒▒▒▒▒▒▒▒▒▒▒▒▒▒▒▒▒▒▒▒▒▒▒▒▒▒▒▒▒▒▒▒▒▒▒▒▒▒▒▒▒▒▒▒▒▒▒▒▒▒▒▒▒▒▒▒▒▒▒▒▒▒▒▒▒▒▒▒▒▒▒▒▒▒▒▒▒▒▒▒▒▒▒▒▒▒▒▒▒▒▒▒▒▒▒▒▒▒▒▒▒▒▒▒▒▒▒▒▒▒▒▒▒▒▒▒▒▒▒▒▒▒▒▒▒▒▒▒▒
▒▒▒▒▒▒▒▒
▒▒▒▒▒▒▒▒▒▒▒▒▒▒▒▒▒▒▒▒▒▒▒▒▒▒▒▒▒▒▒▒▒▒▒▒▒▒▒▒▒▒▒▒▒▒▒▒▒▒▒▒▒▒▒▒▒▒▒▒▒▒▒▒▒▒▒▒▒▒▒▒▒▒▒▒▒▒▒▒▒▒▒▒▒▒▒▒▒▒▒▒▒▒▒▒▒▒▒▒▒▒▒▒▒▒▒▒▒▒▒▒▒▒▒▒▒▒▒▒▒▒▒▒▒▒▒▒▒▒▒▒▒▒▒▒▒▒▒▒▒▒▒▒▒▒▒▒▒▒▒▒▒▒▒▒▒▒▒▒▒▒▒▒▒▒▒▒▒▒▒▒▒▒▒▒▒▒▒▒▒▒▒▒▒▒▒▒▒▒▒▒▒▒▒▒▒▒
▒▒▒▒▒▒▒▒▒
▒▒▒▒▒▒▒▒▒▒▒▒▒▒▒▒▒▒▒▒▒▒▒▒▒▒▒▒▒▒▒▒▒▒▒▒▒▒▒▒▒▒▒▒▒▒▒▒▒▒▒▒▒▒▒▒▒▒▒▒▒▒▒▒▒▒▒▒▒▒▒▒▒▒▒▒▒▒▒▒▒▒▒▒▒▒▒▒▒▒▒▒▒▒▒▒▒▒▒▒▒▒▒▒▒▒▒▒▒▒▒▒▒▒▒▒▒▒▒▒▒▒▒▒▒▒▒▒▒▒▒▒▒▒▒▒▒▒▒▒▒▒▒▒▒▒▒▒▒▒▒▒▒▒▒▒▒▒▒▒▒▒▒▒▒▒▒▒▒▒▒▒▒▒▒▒▒▒▒▒▒▒▒▒▒▒▒▒▒▒▒▒▒▒▒▒▒▒▒▒▒▒▒▒▒▒▒▒▒▒▒▒▒▒▒▒▒▒▒▒▒▒▒▒▒▒▒▒▒▒
▒▒▒▒▒▒▒▒▒▒▒▒
▒▒▒▒▒▒▒▒▒▒▒▒▒▒▒▒▒▒▒▒▒▒▒▒▒▒▒▒▒▒▒▒▒▒▒▒▒▒▒▒▒▒▒▒▒▒▒▒▒▒▒▒▒▒▒▒▒▒▒▒▒▒▒▒▒▒▒▒▒▒▒▒▒▒▒▒▒▒▒▒▒▒▒▒▒▒▒▒▒▒▒▒▒▒▒▒▒▒▒▒▒▒▒▒▒▒▒▒▒▒▒▒▒▒▒▒▒▒▒▒▒▒▒▒▒▒▒▒▒▒▒▒▒▒▒▒▒▒▒▒▒▒▒▒▒▒▒▒▒▒▒▒▒▒▒▒▒▒▒▒▒▒▒
▒▒▒▒▒▒▒▒▒▒▒
▒▒▒▒▒▒▒▒▒▒▒▒▒▒▒▒▒▒▒▒▒▒▒▒▒▒▒▒▒▒▒▒▒▒▒▒▒▒▒▒▒▒▒▒▒▒▒▒▒▒▒▒▒▒▒▒▒▒▒▒▒▒▒▒▒▒▒▒▒▒▒▒▒▒▒▒▒▒▒▒▒▒▒▒▒▒▒▒▒▒▒▒▒▒▒▒
▒▒▒▒▒▒▒▒▒
▒▒▒▒▒▒▒▒▒▒▒▒▒▒▒▒▒▒▒▒▒▒▒▒▒▒▒▒▒▒▒▒▒▒▒▒▒▒▒▒▒▒▒▒▒▒▒▒▒▒▒▒▒▒▒▒▒▒▒▒▒▒▒▒▒▒▒▒▒▒▒▒▒▒▒▒▒▒▒▒▒▒▒▒▒▒▒▒▒▒▒▒▒▒▒▒▒▒▒▒▒▒▒▒▒▒▒▒▒▒▒▒▒▒▒▒▒▒
▒▒▒▒▒▒▒▒▒▒
▒▒▒▒▒▒▒▒▒▒▒▒▒▒▒▒▒▒▒▒▒▒▒▒▒▒▒▒▒▒▒▒▒▒▒▒▒▒▒▒▒▒▒▒▒▒▒▒▒▒▒▒▒▒▒▒▒▒▒▒▒▒▒▒▒▒▒▒▒▒▒▒▒▒▒▒▒▒▒▒▒▒▒▒▒▒▒▒▒▒▒▒▒▒▒▒▒▒▒▒▒▒▒▒▒▒▒▒▒▒▒▒▒▒▒▒▒▒▒▒▒▒▒▒▒▒▒▒▒▒▒▒▒▒▒▒▒▒▒▒▒▒▒▒▒▒▒▒▒▒▒▒▒▒▒▒▒▒▒▒▒▒▒▒▒▒▒▒▒▒▒▒▒▒▒▒▒▒▒▒▒▒▒▒▒▒▒▒▒▒▒▒▒▒▒▒▒▒
▒▒▒▒▒▒▒▒▒▒
▒▒▒▒▒▒▒▒▒▒▒▒▒▒▒▒▒▒▒▒▒▒▒▒▒▒▒▒▒▒▒▒▒▒▒▒▒▒▒▒▒▒▒▒▒▒▒▒▒▒▒▒▒▒▒▒▒▒▒▒▒▒▒▒▒▒▒▒▒▒▒▒▒▒▒▒▒▒▒▒▒▒▒▒▒▒▒▒▒▒▒▒▒▒▒▒▒▒▒▒▒▒▒▒▒▒▒▒▒▒▒▒▒▒▒▒▒▒▒▒▒▒▒▒▒▒▒▒▒▒▒▒▒▒▒▒▒▒▒▒▒▒▒▒
▒▒▒▒▒▒▒▒▒▒▒
▒▒▒▒▒▒▒▒▒▒▒▒▒▒▒▒▒▒▒▒▒▒▒▒▒▒▒▒▒▒▒▒▒▒▒▒▒▒▒▒▒▒▒▒▒▒▒▒▒▒▒▒▒▒▒▒▒▒▒▒▒▒▒▒▒▒▒▒▒▒▒▒▒▒▒▒▒▒▒▒▒▒▒▒▒▒▒▒▒▒▒▒▒▒▒▒▒▒▒▒▒▒▒▒▒▒▒▒▒▒▒▒▒▒▒▒▒▒▒▒▒▒▒▒▒▒▒▒▒▒▒▒▒▒▒▒▒▒▒▒▒▒▒▒▒▒▒▒▒▒▒▒▒▒▒▒▒▒▒▒▒▒▒▒▒▒▒▒▒▒▒▒▒▒▒▒▒▒▒▒▒▒▒▒▒▒▒▒▒▒▒▒▒▒▒▒▒▒
▒▒▒▒▒▒▒▒▒▒
▒▒▒▒▒▒▒▒▒▒▒▒▒▒▒▒▒▒▒▒▒▒▒▒▒▒▒▒▒▒▒▒▒▒▒▒▒▒▒▒▒▒▒▒▒▒▒▒▒▒▒▒▒▒▒▒▒▒▒▒▒▒▒▒▒▒▒▒▒▒▒▒▒▒▒▒▒▒▒▒▒▒▒▒▒▒▒▒▒▒▒▒▒▒▒▒▒▒▒▒▒▒▒▒▒▒▒▒▒▒▒▒▒▒▒▒▒▒▒▒▒▒▒▒▒▒▒▒▒▒▒▒▒▒▒▒▒▒▒▒▒▒▒▒▒▒▒▒▒▒▒▒▒▒▒▒▒▒▒▒▒▒▒▒▒▒▒▒▒▒▒▒▒▒▒▒▒▒▒▒▒▒▒▒▒▒▒▒▒▒▒▒▒▒▒▒▒▒▒▒▒▒▒▒▒▒▒▒▒▒▒▒▒▒▒▒▒▒▒▒▒▒▒▒▒▒▒▒▒▒▒▒▒▒▒▒▒▒▒▒▒▒▒
▒▒▒▒▒▒▒▒▒
▒▒▒▒▒▒▒▒▒▒▒▒▒▒▒▒▒▒▒▒▒▒▒▒▒▒▒▒▒▒▒▒▒▒▒▒▒▒▒▒▒▒▒▒▒▒▒▒▒▒▒▒▒▒▒▒▒▒▒▒▒▒▒▒▒▒▒▒▒▒▒▒▒▒▒▒▒▒▒▒▒▒▒▒▒▒▒▒▒▒▒▒▒▒▒▒▒▒▒▒▒▒▒▒▒▒▒▒▒▒▒▒▒▒▒▒▒▒▒▒▒▒▒▒▒▒▒▒▒▒▒▒▒▒▒▒
▒▒▒▒▒▒▒▒▒
▒▒▒▒▒▒▒▒▒▒▒▒▒▒▒▒▒▒▒▒▒▒▒▒▒▒▒▒▒▒▒▒▒▒▒▒▒▒▒▒▒▒▒▒▒▒▒▒▒▒▒▒▒▒▒▒▒▒▒▒▒▒▒▒▒▒▒▒▒▒▒▒▒▒▒▒▒▒▒▒▒▒▒▒▒▒▒▒▒▒▒▒▒▒▒▒▒▒▒▒▒▒▒▒▒▒▒▒▒▒▒▒▒▒▒▒▒▒▒▒▒▒▒▒▒▒▒▒▒▒▒▒▒▒▒▒▒▒▒▒▒▒▒▒▒▒▒▒▒▒▒▒▒▒▒▒▒▒▒▒▒▒▒▒▒▒▒▒▒▒▒▒▒▒▒▒▒▒▒▒▒▒▒▒▒▒▒▒▒▒▒▒▒▒▒▒▒▒▒▒▒▒▒▒▒▒▒▒▒▒▒▒▒▒▒▒▒▒▒▒▒▒▒▒▒▒▒▒▒▒▒▒▒▒▒▒▒▒▒▒▒▒▒▒▒▒▒▒▒▒▒
▒▒▒▒▒▒▒▒▒▒
▒▒▒▒▒▒▒▒▒▒▒▒▒▒▒▒▒▒▒▒▒▒▒▒▒▒▒▒▒▒▒▒▒▒▒▒▒▒▒▒▒▒▒▒▒▒▒▒▒▒▒▒▒▒▒▒▒▒▒▒▒▒▒▒▒▒▒▒▒▒▒▒▒▒▒▒▒▒▒▒▒▒▒▒▒▒▒▒▒▒▒▒▒▒▒▒▒▒▒▒▒▒▒▒▒▒▒▒▒▒▒▒▒▒▒▒▒▒▒▒▒▒▒▒▒▒▒▒▒▒▒▒▒▒▒▒▒▒▒▒▒▒▒▒▒▒▒▒▒▒▒▒▒▒▒▒▒▒▒▒▒▒▒▒▒▒▒▒▒▒▒▒▒▒▒▒▒▒▒▒▒▒▒▒▒▒▒▒▒▒▒▒▒▒▒▒▒▒▒▒▒▒▒▒▒▒▒▒▒▒▒▒▒▒▒▒▒▒▒▒▒▒▒▒▒▒▒▒▒▒▒▒▒▒▒▒▒▒▒▒▒▒▒▒▒▒▒▒▒▒
▒▒▒▒▒▒▒▒▒▒▒
▒▒▒▒▒▒▒▒▒▒▒▒▒▒▒▒▒▒▒▒▒▒▒▒▒▒▒▒▒▒▒▒▒▒▒▒▒▒▒▒▒▒▒▒▒▒▒▒▒▒▒▒▒▒▒▒▒▒▒▒▒▒▒▒▒▒▒▒▒▒▒▒▒▒▒▒▒▒▒▒▒▒▒▒▒▒▒▒▒▒▒▒▒▒▒▒▒▒▒▒▒▒▒▒▒▒▒▒▒▒▒▒▒▒▒▒▒▒▒▒▒▒▒▒▒▒▒▒▒▒▒▒▒▒▒▒▒▒▒▒▒▒▒▒▒▒▒▒▒▒▒▒▒▒▒▒▒▒▒▒▒▒▒▒▒▒▒▒▒▒▒▒▒▒
▒▒▒▒▒▒▒▒▒▒▒▒
▒▒▒▒▒▒▒▒▒▒▒▒▒▒▒▒▒▒▒▒▒▒▒▒▒▒▒▒▒▒▒▒▒▒▒▒▒▒▒▒▒▒▒▒▒▒▒▒▒▒▒▒▒▒▒▒▒▒▒▒▒▒▒▒▒▒▒▒▒▒▒▒▒▒▒▒▒▒▒▒▒▒▒▒▒▒▒▒▒▒▒▒▒▒▒▒▒▒▒▒▒▒▒▒▒▒▒▒▒▒▒▒▒▒▒▒▒▒▒▒▒▒▒▒▒▒▒▒▒▒▒▒▒▒▒▒▒▒▒▒▒▒▒▒▒▒▒▒▒▒▒▒▒▒▒▒▒▒▒▒▒▒▒▒▒▒▒▒▒▒▒▒▒▒▒▒▒▒▒▒▒▒▒▒▒▒▒▒▒▒▒▒▒▒▒▒▒▒▒▒▒▒▒▒▒▒▒▒▒▒▒▒▒▒▒▒▒▒▒▒▒▒▒▒▒▒▒
▒▒▒▒▒▒▒▒▒▒
▒▒▒▒▒▒▒▒▒▒▒▒▒▒▒▒▒▒▒▒▒▒▒▒▒▒▒▒▒▒▒▒▒▒▒▒▒▒▒▒▒▒▒▒▒▒▒▒▒▒▒▒▒▒▒▒▒▒▒▒▒▒▒▒▒▒▒▒▒▒▒▒▒▒▒▒▒▒▒▒▒▒▒▒▒▒▒▒▒▒▒▒▒▒▒▒▒▒▒▒▒▒▒▒▒▒▒▒▒▒▒▒▒▒▒▒▒▒▒▒▒▒▒▒▒▒▒▒▒▒▒▒▒▒▒▒▒▒▒▒▒▒▒▒▒▒▒▒▒▒▒▒▒▒▒▒▒▒▒▒
▒▒▒▒▒▒▒▒▒▒
▒▒▒▒▒▒▒▒▒▒▒▒▒▒▒▒▒▒▒▒▒▒▒▒▒▒▒▒▒▒▒▒▒▒▒▒▒▒▒▒▒▒▒▒▒▒▒▒▒▒▒▒▒▒▒▒▒▒▒▒▒▒▒▒▒▒▒▒▒▒▒▒▒▒▒▒▒▒▒▒▒▒▒▒▒▒▒▒▒▒▒▒▒▒▒▒▒▒▒▒▒▒▒▒▒▒▒▒▒▒▒▒▒▒▒▒▒▒▒▒▒▒▒▒▒▒▒▒▒▒▒▒▒▒▒▒▒▒▒▒▒▒▒▒▒▒▒▒▒▒▒▒▒▒▒▒▒▒▒▒▒▒▒▒▒▒▒▒▒▒▒▒▒▒▒▒▒▒▒▒▒▒▒▒▒▒▒▒▒▒▒▒▒▒▒▒▒▒▒▒▒▒▒▒▒▒▒▒
▒▒▒▒▒▒▒▒▒▒▒▒
▒▒▒▒▒▒▒▒▒▒▒▒▒▒▒▒▒▒▒▒▒▒▒▒▒▒▒▒▒▒▒▒▒▒▒▒▒▒▒▒▒▒▒▒▒▒▒▒▒▒▒▒▒▒▒▒▒▒▒▒▒▒▒▒▒▒▒▒▒▒▒▒▒▒▒▒▒▒▒▒▒▒▒▒▒▒▒▒▒▒▒▒▒▒▒▒▒▒▒▒▒▒▒▒▒▒▒▒▒▒▒▒▒▒▒▒▒▒▒▒▒▒▒▒▒▒▒▒▒▒▒▒▒▒▒▒▒▒▒▒▒▒▒▒▒▒▒▒▒▒▒▒▒▒▒▒▒▒▒▒▒▒▒▒▒▒▒▒▒▒▒▒▒▒▒▒▒▒▒▒▒▒▒▒▒▒▒▒▒▒▒▒▒▒▒▒▒▒▒▒▒▒▒▒▒▒▒▒▒▒▒▒▒▒▒▒▒▒▒▒▒▒▒▒▒▒▒▒▒▒▒▒▒▒▒
▒▒▒▒▒▒▒▒▒▒▒
▒▒▒▒▒▒▒▒▒▒▒▒▒▒▒▒▒▒▒▒▒▒▒▒▒▒▒▒▒▒▒▒▒▒▒▒▒▒▒▒▒▒▒▒▒▒▒▒▒▒▒▒▒▒▒▒▒▒▒▒▒▒▒▒▒▒▒▒▒▒▒▒▒▒▒▒▒▒▒▒▒▒▒▒▒▒▒▒▒▒▒▒▒▒▒▒▒▒▒▒▒▒▒▒▒▒▒▒▒▒▒▒▒▒▒▒▒▒▒▒▒▒▒▒▒▒▒▒▒▒▒▒▒▒▒▒▒▒▒▒▒▒▒▒▒▒▒▒▒▒▒▒▒▒▒▒▒▒▒▒▒▒▒▒▒▒▒▒▒▒▒▒▒▒▒▒▒▒▒▒▒▒▒▒▒▒▒▒▒▒▒▒▒▒▒▒▒▒▒▒▒▒▒▒▒▒▒▒▒▒▒▒▒▒▒▒▒▒▒▒▒▒▒▒▒▒▒▒▒▒▒▒▒▒▒▒▒▒▒▒▒
▒▒▒▒▒▒▒▒
▒▒▒▒▒▒▒▒▒▒▒▒▒▒▒▒▒▒▒▒▒▒▒▒▒▒▒▒▒▒▒▒▒▒▒▒▒▒▒▒▒▒▒▒▒▒▒▒▒▒▒▒▒▒▒▒▒▒▒▒▒▒▒▒▒▒▒▒▒▒▒▒▒▒▒▒▒▒▒▒▒▒▒▒▒▒▒▒▒▒▒▒▒▒▒▒▒▒▒▒▒▒▒▒▒▒▒▒▒▒▒▒▒▒▒▒▒▒▒▒▒▒▒▒▒▒▒▒▒▒▒▒▒▒▒▒▒▒▒▒▒▒▒▒▒▒▒▒▒▒▒▒▒▒▒▒▒▒▒▒▒▒▒▒▒▒▒▒▒▒▒▒▒▒▒▒▒▒▒▒
▒▒▒▒▒▒▒▒
▒▒▒▒▒▒▒▒▒▒▒▒▒▒▒▒▒▒▒▒▒▒▒▒▒▒▒▒▒▒▒▒▒▒▒▒▒▒▒▒▒▒▒▒▒▒▒▒▒▒▒▒▒▒▒▒▒▒▒▒▒▒▒▒▒▒▒▒▒▒▒▒▒▒▒▒▒▒▒▒▒▒▒▒▒▒▒▒▒▒▒▒▒▒▒▒▒▒▒▒▒▒▒▒▒▒▒▒▒▒▒▒▒▒▒▒▒▒▒▒▒▒▒▒▒▒▒▒▒▒▒▒▒▒▒▒▒▒▒▒▒▒▒▒▒▒▒▒▒▒▒▒▒▒▒▒▒▒▒▒▒▒▒▒▒▒▒▒▒▒▒▒▒▒▒▒▒▒▒▒▒▒▒▒▒▒▒▒▒▒▒▒▒▒▒▒▒▒▒▒▒▒▒▒▒▒▒▒▒▒▒▒▒▒▒▒▒▒
▒▒▒▒▒▒▒▒▒▒▒▒
▒▒▒▒▒▒▒▒▒▒▒▒▒▒▒▒▒▒▒▒▒▒▒▒▒▒▒▒▒▒▒▒▒▒▒▒▒▒▒▒▒▒▒▒▒▒▒▒▒▒▒▒▒▒▒▒▒▒▒▒▒▒▒▒▒▒▒▒▒▒▒▒▒▒▒▒▒▒▒▒▒▒▒▒▒▒▒▒▒▒▒▒▒▒▒▒▒▒▒▒▒▒▒▒▒▒▒▒▒▒▒▒▒▒▒▒▒▒▒▒▒▒▒
▒▒▒▒▒▒▒▒▒▒
▒▒▒▒▒▒▒▒▒▒▒▒▒▒▒▒▒▒▒▒▒▒▒▒▒▒▒▒▒▒▒▒▒▒▒▒▒▒▒▒▒▒▒▒▒▒▒▒▒▒▒▒▒▒▒▒▒▒▒▒▒▒▒▒▒▒▒▒▒▒▒▒▒▒▒▒▒▒▒▒▒▒▒▒▒▒▒▒▒▒▒▒▒▒▒▒▒▒▒▒▒▒▒▒▒▒▒▒▒▒▒▒▒▒▒▒▒▒▒▒▒▒▒▒▒▒▒▒▒▒▒▒▒▒▒▒▒▒▒▒▒▒▒▒▒▒▒▒▒▒▒▒▒▒▒▒▒▒▒▒▒▒▒▒▒▒▒▒▒▒▒▒▒▒▒▒▒▒▒▒▒▒▒▒▒▒▒▒▒▒▒▒▒▒▒▒▒▒▒▒▒
▒▒▒▒▒▒▒▒
▒▒▒▒▒▒▒▒▒▒▒▒▒▒▒▒▒▒▒▒▒▒▒▒▒▒▒▒▒▒▒▒▒▒▒▒▒▒▒▒▒▒▒▒▒▒▒▒▒▒▒▒▒▒▒▒▒▒▒▒▒▒▒▒▒▒▒▒▒▒▒▒▒▒▒▒▒▒▒▒▒▒▒▒▒▒▒▒▒▒▒▒▒▒▒▒▒▒▒▒▒▒▒▒▒▒▒▒▒▒▒▒▒▒▒▒▒▒▒▒▒▒▒▒▒▒
▒▒▒▒▒▒▒▒
